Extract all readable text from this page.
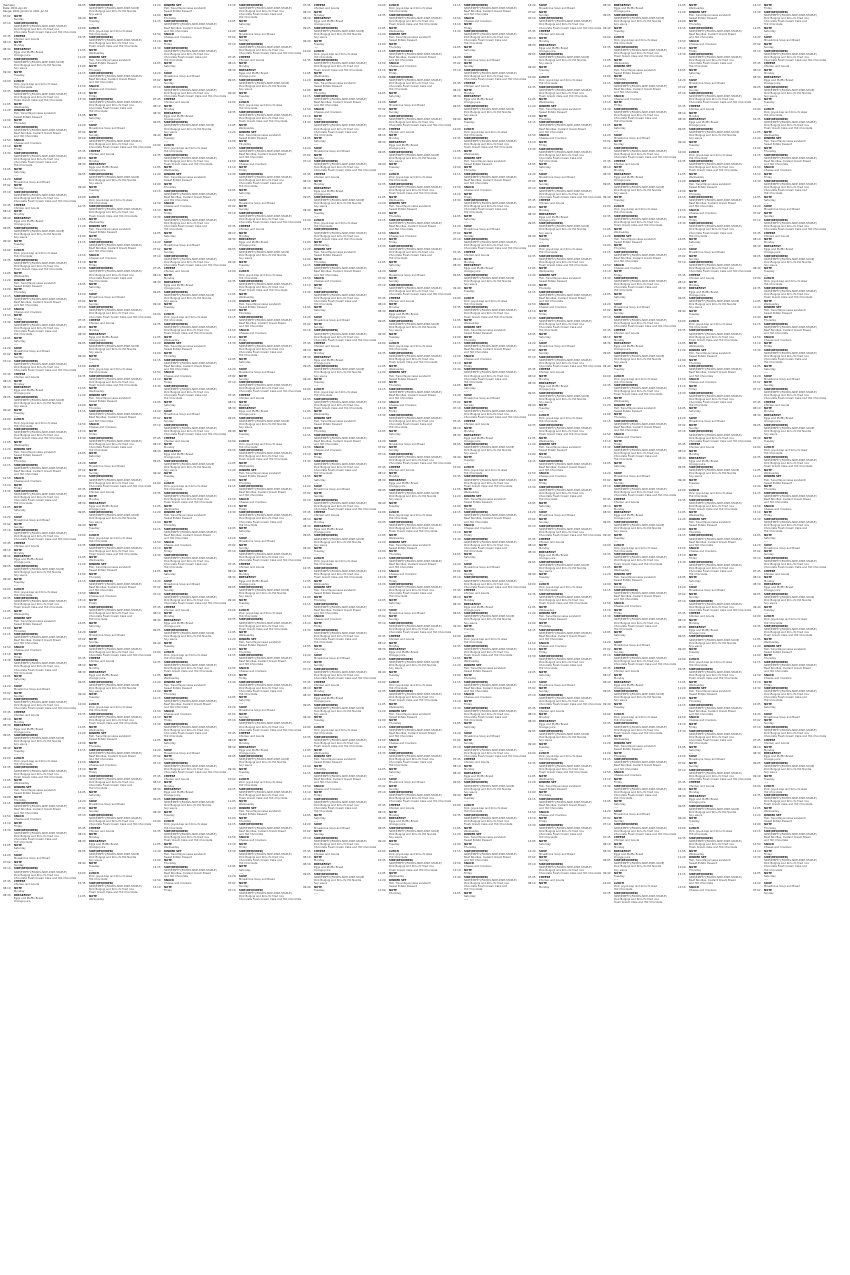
[Sample]
Date: 2021-Apr-10
Range: 2021-Jan-01 to 2021-Jul-31
07:02	NOTE
Sunday
07:10	SIDE(REQUIRED)
SIDE(EMPTY)(FOODS-SIDE-DISH-STAPLE)
Pork Bulgogi and Kim-chi fried rice
Chocolate Fresh Cream Cake and Hot Chocolate
07:45	CHEESE
Chicken and Gouda
08:10	NOTE
Monday
08:30	BREAKFAST
Eggs and Muffin Bread
Orange juice
09:05	SIDE(REQUIRED)
SIDE(EMPTY)(FOODS-SIDE-DISH-SOUP)
Pork Bulgogi and Kim-chi Pot Noodle
Soy sauce
09:40	NOTE
Tuesday
~~
10:00	LUNCH
Pork, Jeyuk-bap and Kim-chi stew
Hot Chocolate
10:35	SIDE(REQUIRED)
SIDE(EMPTY)(FOODS-SIDE-DISH-STAPLE)
Pork Bulgogi and Kim-chi fried rice
Fresh Cream Cake and Hot Chocolate
11:05	NOTE
Wednesday
11:20	DINNER SET
Fish, Tuna Mayonnaise sandwich
Sweet Potato Dessert
12:00	NOTE
Thursday
12:15	SIDE(REQUIRED)
SIDE(EMPTY)(FOODS-SIDE-DISH-STAPLE)
Beef Noodles, Custard Cream Bread
and Hot Chocolate
12:50	SNACK
Cheese and Crackers
13:10	NOTE
Friday
13:30	SIDE(REQUIRED)
SIDE(EMPTY)(FOODS-SIDE-DISH-STAPLE)
Pork Bulgogi and Kim-chi fried rice
Chocolate Fresh Cream Cake and
Hot Chocolate
14:05	NOTE
Saturday
~~
14:20	SOUP
Minestrone Soup and Bread
07:02	NOTE
Sunday
07:10	SIDE(REQUIRED)
SIDE(EMPTY)(FOODS-SIDE-DISH-STAPLE)
Pork Bulgogi and Kim-chi fried rice
Chocolate Fresh Cream Cake and Hot Chocolate
07:45	CHEESE
Chicken and Gouda
08:10	NOTE
Monday
08:30	BREAKFAST
Eggs and Muffin Bread
Orange juice
09:05	SIDE(REQUIRED)
SIDE(EMPTY)(FOODS-SIDE-DISH-SOUP)
Pork Bulgogi and Kim-chi Pot Noodle
Soy sauce
09:40	NOTE
Tuesday
~~
10:00	LUNCH
Pork, Jeyuk-bap and Kim-chi stew
Hot Chocolate
10:35	SIDE(REQUIRED)
SIDE(EMPTY)(FOODS-SIDE-DISH-STAPLE)
Pork Bulgogi and Kim-chi fried rice
Fresh Cream Cake and Hot Chocolate
11:05	NOTE
Wednesday
11:20	DINNER SET
Fish, Tuna Mayonnaise sandwich
Sweet Potato Dessert
12:00	NOTE
Thursday
12:15	SIDE(REQUIRED)
SIDE(EMPTY)(FOODS-SIDE-DISH-STAPLE)
Beef Noodles, Custard Cream Bread
and Hot Chocolate
12:50	SNACK
Cheese and Crackers
13:10	NOTE
Friday
13:30	SIDE(REQUIRED)
SIDE(EMPTY)(FOODS-SIDE-DISH-STAPLE)
Pork Bulgogi and Kim-chi fried rice
Chocolate Fresh Cream Cake and
Hot Chocolate
14:05	NOTE
Saturday
~~
14:20	SOUP
Minestrone Soup and Bread
07:02	NOTE
Sunday
07:10	SIDE(REQUIRED)
SIDE(EMPTY)(FOODS-SIDE-DISH-STAPLE)
Pork Bulgogi and Kim-chi fried rice
Chocolate Fresh Cream Cake and Hot Chocolate
07:45	CHEESE
Chicken and Gouda
08:10	NOTE
Monday
08:30	BREAKFAST
Eggs and Muffin Bread
Orange juice
09:05	SIDE(REQUIRED)
SIDE(EMPTY)(FOODS-SIDE-DISH-SOUP)
Pork Bulgogi and Kim-chi Pot Noodle
Soy sauce
09:40	NOTE
Tuesday
~~
10:00	LUNCH
Pork, Jeyuk-bap and Kim-chi stew
Hot Chocolate
10:35	SIDE(REQUIRED)
SIDE(EMPTY)(FOODS-SIDE-DISH-STAPLE)
Pork Bulgogi and Kim-chi fried rice
Fresh Cream Cake and Hot Chocolate
11:05	NOTE
Wednesday
11:20	DINNER SET
Fish, Tuna Mayonnaise sandwich
Sweet Potato Dessert
12:00	NOTE
Thursday
12:15	SIDE(REQUIRED)
SIDE(EMPTY)(FOODS-SIDE-DISH-STAPLE)
Beef Noodles, Custard Cream Bread
and Hot Chocolate
12:50	SNACK
Cheese and Crackers
13:10	NOTE
Friday
13:30	SIDE(REQUIRED)
SIDE(EMPTY)(FOODS-SIDE-DISH-STAPLE)
Pork Bulgogi and Kim-chi fried rice
Chocolate Fresh Cream Cake and
Hot Chocolate
14:05	NOTE
Saturday
~~
14:20	SOUP
Minestrone Soup and Bread
07:02	NOTE
Sunday
07:10	SIDE(REQUIRED)
SIDE(EMPTY)(FOODS-SIDE-DISH-STAPLE)
Pork Bulgogi and Kim-chi fried rice
Chocolate Fresh Cream Cake and Hot Chocolate
07:45	CHEESE
Chicken and Gouda
08:10	NOTE
Monday
08:30	BREAKFAST
Eggs and Muffin Bread
Orange juice
09:05	SIDE(REQUIRED)
SIDE(EMPTY)(FOODS-SIDE-DISH-SOUP)
Pork Bulgogi and Kim-chi Pot Noodle
Soy sauce
09:40	NOTE
Tuesday
~~
10:00	LUNCH
Pork, Jeyuk-bap and Kim-chi stew
Hot Chocolate
10:35	SIDE(REQUIRED)
SIDE(EMPTY)(FOODS-SIDE-DISH-STAPLE)
Pork Bulgogi and Kim-chi fried rice
Fresh Cream Cake and Hot Chocolate
11:05	NOTE
Wednesday
11:20	DINNER SET
Fish, Tuna Mayonnaise sandwich
Sweet Potato Dessert
12:00	NOTE
Thursday
12:15	SIDE(REQUIRED)
SIDE(EMPTY)(FOODS-SIDE-DISH-STAPLE)
Beef Noodles, Custard Cream Bread
and Hot Chocolate
12:50	SNACK
Cheese and Crackers
13:10	NOTE
Friday
13:30	SIDE(REQUIRED)
SIDE(EMPTY)(FOODS-SIDE-DISH-STAPLE)
Pork Bulgogi and Kim-chi fried rice
Chocolate Fresh Cream Cake and
Hot Chocolate
14:05	NOTE
Saturday
~~
14:20	SOUP
Minestrone Soup and Bread
07:02	NOTE
Sunday
07:10	SIDE(REQUIRED)
SIDE(EMPTY)(FOODS-SIDE-DISH-STAPLE)
Pork Bulgogi and Kim-chi fried rice
Chocolate Fresh Cream Cake and Hot Chocolate
07:45	CHEESE
Chicken and Gouda
08:10	NOTE
Monday
08:30	BREAKFAST
Eggs and Muffin Bread
Orange juice
09:05	SIDE(REQUIRED)
SIDE(EMPTY)(FOODS-SIDE-DISH-SOUP)
Pork Bulgogi and Kim-chi Pot Noodle
Soy sauce
09:40	NOTE
Tuesday
~~
10:00	LUNCH
Pork, Jeyuk-bap and Kim-chi stew
Hot Chocolate
10:35	SIDE(REQUIRED)
SIDE(EMPTY)(FOODS-SIDE-DISH-STAPLE)
Pork Bulgogi and Kim-chi fried rice
Fresh Cream Cake and Hot Chocolate
11:05	NOTE
Wednesday
11:20	DINNER SET
Fish, Tuna Mayonnaise sandwich
Sweet Potato Dessert
12:00	NOTE
Thursday
12:15	SIDE(REQUIRED)
SIDE(EMPTY)(FOODS-SIDE-DISH-STAPLE)
Beef Noodles, Custard Cream Bread
and Hot Chocolate
12:50	SNACK
Cheese and Crackers
13:10	NOTE
Friday
13:30	SIDE(REQUIRED)
SIDE(EMPTY)(FOODS-SIDE-DISH-STAPLE)
Pork Bulgogi and Kim-chi fried rice
Chocolate Fresh Cream Cake and
Hot Chocolate
14:05	NOTE
Saturday
~~
14:20	SOUP
Minestrone Soup and Bread
07:02	NOTE
Sunday
07:10	SIDE(REQUIRED)
SIDE(EMPTY)(FOODS-SIDE-DISH-STAPLE)
Pork Bulgogi and Kim-chi fried rice
Chocolate Fresh Cream Cake and Hot Chocolate
07:45	CHEESE
Chicken and Gouda
08:10	NOTE
Monday
08:30	BREAKFAST
Eggs and Muffin Bread
Orange juice
09:05	SIDE(REQUIRED)
SIDE(EMPTY)(FOODS-SIDE-DISH-SOUP)
Pork Bulgogi and Kim-chi Pot Noodle
Soy sauce
09:40	NOTE
Tuesday
~~
10:00	LUNCH
Pork, Jeyuk-bap and Kim-chi stew
Hot Chocolate
10:35	SIDE(REQUIRED)
SIDE(EMPTY)(FOODS-SIDE-DISH-STAPLE)
Pork Bulgogi and Kim-chi fried rice
Fresh Cream Cake and Hot Chocolate
11:05	NOTE
Wednesday
11:20	DINNER SET
Fish, Tuna Mayonnaise sandwich
Sweet Potato Dessert
12:00	NOTE
Thursday
12:15	SIDE(REQUIRED)
SIDE(EMPTY)(FOODS-SIDE-DISH-STAPLE)
Beef Noodles, Custard Cream Bread
and Hot Chocolate
12:50	SNACK
Cheese and Crackers
13:10	NOTE
Friday
13:30	SIDE(REQUIRED)
SIDE(EMPTY)(FOODS-SIDE-DISH-STAPLE)
Pork Bulgogi and Kim-chi fried rice
Chocolate Fresh Cream Cake and
Hot Chocolate
14:05	NOTE
Saturday
~~
14:20	SOUP
Minestrone Soup and Bread
07:02	NOTE
Sunday
07:10	SIDE(REQUIRED)
SIDE(EMPTY)(FOODS-SIDE-DISH-STAPLE)
Pork Bulgogi and Kim-chi fried rice
Chocolate Fresh Cream Cake and Hot Chocolate
07:45	CHEESE
Chicken and Gouda
08:10	NOTE
Monday
08:30	BREAKFAST
Eggs and Muffin Bread
Orange juice
09:05	SIDE(REQUIRED)
SIDE(EMPTY)(FOODS-SIDE-DISH-SOUP)
Pork Bulgogi and Kim-chi Pot Noodle
Soy sauce
09:40	NOTE
Tuesday
~~
10:00	LUNCH
Pork, Jeyuk-bap and Kim-chi stew
Hot Chocolate
10:35	SIDE(REQUIRED)
SIDE(EMPTY)(FOODS-SIDE-DISH-STAPLE)
Pork Bulgogi and Kim-chi fried rice
Fresh Cream Cake and Hot Chocolate
11:05	NOTE
Wednesday
11:20	DINNER SET
Fish, Tuna Mayonnaise sandwich
Sweet Potato Dessert
12:00	NOTE
Thursday
12:15	SIDE(REQUIRED)
SIDE(EMPTY)(FOODS-SIDE-DISH-STAPLE)
Beef Noodles, Custard Cream Bread
and Hot Chocolate
12:50	SNACK
Cheese and Crackers
13:10	NOTE
Friday
13:30	SIDE(REQUIRED)
SIDE(EMPTY)(FOODS-SIDE-DISH-STAPLE)
Pork Bulgogi and Kim-chi fried rice
Chocolate Fresh Cream Cake and
Hot Chocolate
14:05	NOTE
Saturday
~~
14:20	SOUP
Minestrone Soup and Bread
07:02	NOTE
Sunday
07:10	SIDE(REQUIRED)
SIDE(EMPTY)(FOODS-SIDE-DISH-STAPLE)
Pork Bulgogi and Kim-chi fried rice
Chocolate Fresh Cream Cake and Hot Chocolate
07:45	CHEESE
Chicken and Gouda
08:10	NOTE
Monday
08:30	BREAKFAST
Eggs and Muffin Bread
Orange juice
09:05	SIDE(REQUIRED)
SIDE(EMPTY)(FOODS-SIDE-DISH-SOUP)
Pork Bulgogi and Kim-chi Pot Noodle
Soy sauce
09:40	NOTE
Tuesday
~~
10:00	LUNCH
Pork, Jeyuk-bap and Kim-chi stew
Hot Chocolate
10:35	SIDE(REQUIRED)
SIDE(EMPTY)(FOODS-SIDE-DISH-STAPLE)
Pork Bulgogi and Kim-chi fried rice
Fresh Cream Cake and Hot Chocolate
11:05	NOTE
Wednesday
11:20	DINNER SET
Fish, Tuna Mayonnaise sandwich
Sweet Potato Dessert
12:00	NOTE
Thursday
12:15	SIDE(REQUIRED)
SIDE(EMPTY)(FOODS-SIDE-DISH-STAPLE)
Beef Noodles, Custard Cream Bread
and Hot Chocolate
12:50	SNACK
Cheese and Crackers
13:10	NOTE
Friday
13:30	SIDE(REQUIRED)
SIDE(EMPTY)(FOODS-SIDE-DISH-STAPLE)
Pork Bulgogi and Kim-chi fried rice
Chocolate Fresh Cream Cake and
Hot Chocolate
14:05	NOTE
Saturday
~~
14:20	SOUP
Minestrone Soup and Bread
07:02	NOTE
Sunday
07:10	SIDE(REQUIRED)
SIDE(EMPTY)(FOODS-SIDE-DISH-STAPLE)
Pork Bulgogi and Kim-chi fried rice
Chocolate Fresh Cream Cake and Hot Chocolate
07:45	CHEESE
Chicken and Gouda
08:10	NOTE
Monday
08:30	BREAKFAST
Eggs and Muffin Bread
Orange juice
09:05	SIDE(REQUIRED)
SIDE(EMPTY)(FOODS-SIDE-DISH-SOUP)
Pork Bulgogi and Kim-chi Pot Noodle
Soy sauce
09:40	NOTE
Tuesday
~~
10:00	LUNCH
Pork, Jeyuk-bap and Kim-chi stew
Hot Chocolate
10:35	SIDE(REQUIRED)
SIDE(EMPTY)(FOODS-SIDE-DISH-STAPLE)
Pork Bulgogi and Kim-chi fried rice
Fresh Cream Cake and Hot Chocolate
11:05	NOTE
Wednesday
11:20	DINNER SET
Fish, Tuna Mayonnaise sandwich
Sweet Potato Dessert
12:00	NOTE
Thursday
12:15	SIDE(REQUIRED)
SIDE(EMPTY)(FOODS-SIDE-DISH-STAPLE)
Beef Noodles, Custard Cream Bread
and Hot Chocolate
12:50	SNACK
Cheese and Crackers
13:10	NOTE
Friday
13:30	SIDE(REQUIRED)
SIDE(EMPTY)(FOODS-SIDE-DISH-STAPLE)
Pork Bulgogi and Kim-chi fried rice
Chocolate Fresh Cream Cake and
Hot Chocolate
14:05	NOTE
Saturday
~~
14:20	SOUP
Minestrone Soup and Bread
07:02	NOTE
Sunday
07:10	SIDE(REQUIRED)
SIDE(EMPTY)(FOODS-SIDE-DISH-STAPLE)
Pork Bulgogi and Kim-chi fried rice
Chocolate Fresh Cream Cake and Hot Chocolate
07:45	CHEESE
Chicken and Gouda
08:10	NOTE
Monday
08:30	BREAKFAST
Eggs and Muffin Bread
Orange juice
09:05	SIDE(REQUIRED)
SIDE(EMPTY)(FOODS-SIDE-DISH-SOUP)
Pork Bulgogi and Kim-chi Pot Noodle
Soy sauce
09:40	NOTE
Tuesday
~~
10:00	LUNCH
Pork, Jeyuk-bap and Kim-chi stew
Hot Chocolate
10:35	SIDE(REQUIRED)
SIDE(EMPTY)(FOODS-SIDE-DISH-STAPLE)
Pork Bulgogi and Kim-chi fried rice
Fresh Cream Cake and Hot Chocolate
11:05	NOTE
Wednesday
11:20	DINNER SET
Fish, Tuna Mayonnaise sandwich
Sweet Potato Dessert
12:00	NOTE
Thursday
12:15	SIDE(REQUIRED)
SIDE(EMPTY)(FOODS-SIDE-DISH-STAPLE)
Beef Noodles, Custard Cream Bread
and Hot Chocolate
12:50	SNACK
Cheese and Crackers
13:10	NOTE
Friday
13:30	SIDE(REQUIRED)
SIDE(EMPTY)(FOODS-SIDE-DISH-STAPLE)
Pork Bulgogi and Kim-chi fried rice
Chocolate Fresh Cream Cake and
Hot Chocolate
14:05	NOTE
Saturday
~~
14:20	SOUP
Minestrone Soup and Bread
07:02	NOTE
Sunday
07:10	SIDE(REQUIRED)
SIDE(EMPTY)(FOODS-SIDE-DISH-STAPLE)
Pork Bulgogi and Kim-chi fried rice
Chocolate Fresh Cream Cake and Hot Chocolate
07:45	CHEESE
Chicken and Gouda
08:10	NOTE
Monday
08:30	BREAKFAST
Eggs and Muffin Bread
Orange juice
09:05	SIDE(REQUIRED)
SIDE(EMPTY)(FOODS-SIDE-DISH-SOUP)
Pork Bulgogi and Kim-chi Pot Noodle
Soy sauce
09:40	NOTE
Tuesday
~~
10:00	LUNCH
Pork, Jeyuk-bap and Kim-chi stew
Hot Chocolate
10:35	SIDE(REQUIRED)
SIDE(EMPTY)(FOODS-SIDE-DISH-STAPLE)
Pork Bulgogi and Kim-chi fried rice
Fresh Cream Cake and Hot Chocolate
11:05	NOTE
Wednesday
11:20	DINNER SET
Fish, Tuna Mayonnaise sandwich
Sweet Potato Dessert
12:00	NOTE
Thursday
12:15	SIDE(REQUIRED)
SIDE(EMPTY)(FOODS-SIDE-DISH-STAPLE)
Beef Noodles, Custard Cream Bread
and Hot Chocolate
12:50	SNACK
Cheese and Crackers
13:10	NOTE
Friday
13:30	SIDE(REQUIRED)
SIDE(EMPTY)(FOODS-SIDE-DISH-STAPLE)
Pork Bulgogi and Kim-chi fried rice
Chocolate Fresh Cream Cake and
Hot Chocolate
14:05	NOTE
Saturday
~~
14:20	SOUP
Minestrone Soup and Bread
07:02	NOTE
Sunday
07:10	SIDE(REQUIRED)
SIDE(EMPTY)(FOODS-SIDE-DISH-STAPLE)
Pork Bulgogi and Kim-chi fried rice
Chocolate Fresh Cream Cake and Hot Chocolate
07:45	CHEESE
Chicken and Gouda
08:10	NOTE
Monday
08:30	BREAKFAST
Eggs and Muffin Bread
Orange juice
09:05	SIDE(REQUIRED)
SIDE(EMPTY)(FOODS-SIDE-DISH-SOUP)
Pork Bulgogi and Kim-chi Pot Noodle
Soy sauce
09:40	NOTE
Tuesday
~~
10:00	LUNCH
Pork, Jeyuk-bap and Kim-chi stew
Hot Chocolate
10:35	SIDE(REQUIRED)
SIDE(EMPTY)(FOODS-SIDE-DISH-STAPLE)
Pork Bulgogi and Kim-chi fried rice
Fresh Cream Cake and Hot Chocolate
11:05	NOTE
Wednesday
11:20	DINNER SET
Fish, Tuna Mayonnaise sandwich
Sweet Potato Dessert
12:00	NOTE
Thursday
12:15	SIDE(REQUIRED)
SIDE(EMPTY)(FOODS-SIDE-DISH-STAPLE)
Beef Noodles, Custard Cream Bread
and Hot Chocolate
12:50	SNACK
Cheese and Crackers
13:10	NOTE
Friday
13:30	SIDE(REQUIRED)
SIDE(EMPTY)(FOODS-SIDE-DISH-STAPLE)
Pork Bulgogi and Kim-chi fried rice
Chocolate Fresh Cream Cake and
Hot Chocolate
14:05	NOTE
Saturday
~~
14:20	SOUP
Minestrone Soup and Bread
07:02	NOTE
Sunday
07:10	SIDE(REQUIRED)
SIDE(EMPTY)(FOODS-SIDE-DISH-STAPLE)
Pork Bulgogi and Kim-chi fried rice
Chocolate Fresh Cream Cake and Hot Chocolate
07:45	CHEESE
Chicken and Gouda
08:10	NOTE
Monday
08:30	BREAKFAST
Eggs and Muffin Bread
Orange juice
09:05	SIDE(REQUIRED)
SIDE(EMPTY)(FOODS-SIDE-DISH-SOUP)
Pork Bulgogi and Kim-chi Pot Noodle
Soy sauce
09:40	NOTE
Tuesday
~~
10:00	LUNCH
Pork, Jeyuk-bap and Kim-chi stew
Hot Chocolate
10:35	SIDE(REQUIRED)
SIDE(EMPTY)(FOODS-SIDE-DISH-STAPLE)
Pork Bulgogi and Kim-chi fried rice
Fresh Cream Cake and Hot Chocolate
11:05	NOTE
Wednesday
11:20	DINNER SET
Fish, Tuna Mayonnaise sandwich
Sweet Potato Dessert
12:00	NOTE
Thursday
12:15	SIDE(REQUIRED)
SIDE(EMPTY)(FOODS-SIDE-DISH-STAPLE)
Beef Noodles, Custard Cream Bread
and Hot Chocolate
12:50	SNACK
Cheese and Crackers
13:10	NOTE
Friday
13:30	SIDE(REQUIRED)
SIDE(EMPTY)(FOODS-SIDE-DISH-STAPLE)
Pork Bulgogi and Kim-chi fried rice
Chocolate Fresh Cream Cake and
Hot Chocolate
14:05	NOTE
Saturday
~~
14:20	SOUP
Minestrone Soup and Bread
07:02	NOTE
Sunday
07:10	SIDE(REQUIRED)
SIDE(EMPTY)(FOODS-SIDE-DISH-STAPLE)
Pork Bulgogi and Kim-chi fried rice
Chocolate Fresh Cream Cake and Hot Chocolate
07:45	CHEESE
Chicken and Gouda
08:10	NOTE
Monday
08:30	BREAKFAST
Eggs and Muffin Bread
Orange juice
09:05	SIDE(REQUIRED)
SIDE(EMPTY)(FOODS-SIDE-DISH-SOUP)
Pork Bulgogi and Kim-chi Pot Noodle
Soy sauce
09:40	NOTE
Tuesday
~~
10:00	LUNCH
Pork, Jeyuk-bap and Kim-chi stew
Hot Chocolate
10:35	SIDE(REQUIRED)
SIDE(EMPTY)(FOODS-SIDE-DISH-STAPLE)
Pork Bulgogi and Kim-chi fried rice
Fresh Cream Cake and Hot Chocolate
11:05	NOTE
Wednesday
11:20	DINNER SET
Fish, Tuna Mayonnaise sandwich
Sweet Potato Dessert
12:00	NOTE
Thursday
12:15	SIDE(REQUIRED)
SIDE(EMPTY)(FOODS-SIDE-DISH-STAPLE)
Beef Noodles, Custard Cream Bread
and Hot Chocolate
12:50	SNACK
Cheese and Crackers
13:10	NOTE
Friday
13:30	SIDE(REQUIRED)
SIDE(EMPTY)(FOODS-SIDE-DISH-STAPLE)
Pork Bulgogi and Kim-chi fried rice
Chocolate Fresh Cream Cake and
Hot Chocolate
14:05	NOTE
Saturday
~~
14:20	SOUP
Minestrone Soup and Bread
07:02	NOTE
Sunday
07:10	SIDE(REQUIRED)
SIDE(EMPTY)(FOODS-SIDE-DISH-STAPLE)
Pork Bulgogi and Kim-chi fried rice
Chocolate Fresh Cream Cake and Hot Chocolate
07:45	CHEESE
Chicken and Gouda
08:10	NOTE
Monday
08:30	BREAKFAST
Eggs and Muffin Bread
Orange juice
09:05	SIDE(REQUIRED)
SIDE(EMPTY)(FOODS-SIDE-DISH-SOUP)
Pork Bulgogi and Kim-chi Pot Noodle
Soy sauce
09:40	NOTE
Tuesday
~~
10:00	LUNCH
Pork, Jeyuk-bap and Kim-chi stew
Hot Chocolate
10:35	SIDE(REQUIRED)
SIDE(EMPTY)(FOODS-SIDE-DISH-STAPLE)
Pork Bulgogi and Kim-chi fried rice
Fresh Cream Cake and Hot Chocolate
11:05	NOTE
Wednesday
11:20	DINNER SET
Fish, Tuna Mayonnaise sandwich
Sweet Potato Dessert
12:00	NOTE
Thursday
12:15	SIDE(REQUIRED)
SIDE(EMPTY)(FOODS-SIDE-DISH-STAPLE)
Beef Noodles, Custard Cream Bread
and Hot Chocolate
12:50	SNACK
Cheese and Crackers
13:10	NOTE
Friday
13:30	SIDE(REQUIRED)
SIDE(EMPTY)(FOODS-SIDE-DISH-STAPLE)
Pork Bulgogi and Kim-chi fried rice
Chocolate Fresh Cream Cake and
Hot Chocolate
14:05	NOTE
Saturday
~~
14:20	SOUP
Minestrone Soup and Bread
07:02	NOTE
Sunday
07:10	SIDE(REQUIRED)
SIDE(EMPTY)(FOODS-SIDE-DISH-STAPLE)
Pork Bulgogi and Kim-chi fried rice
Chocolate Fresh Cream Cake and Hot Chocolate
07:45	CHEESE
Chicken and Gouda
08:10	NOTE
Monday
08:30	BREAKFAST
Eggs and Muffin Bread
Orange juice
09:05	SIDE(REQUIRED)
SIDE(EMPTY)(FOODS-SIDE-DISH-SOUP)
Pork Bulgogi and Kim-chi Pot Noodle
Soy sauce
09:40	NOTE
Tuesday
~~
10:00	LUNCH
Pork, Jeyuk-bap and Kim-chi stew
Hot Chocolate
10:35	SIDE(REQUIRED)
SIDE(EMPTY)(FOODS-SIDE-DISH-STAPLE)
Pork Bulgogi and Kim-chi fried rice
Fresh Cream Cake and Hot Chocolate
11:05	NOTE
Wednesday
11:20	DINNER SET
Fish, Tuna Mayonnaise sandwich
Sweet Potato Dessert
12:00	NOTE
Thursday
12:15	SIDE(REQUIRED)
SIDE(EMPTY)(FOODS-SIDE-DISH-STAPLE)
Beef Noodles, Custard Cream Bread
and Hot Chocolate
12:50	SNACK
Cheese and Crackers
13:10	NOTE
Friday
13:30	SIDE(REQUIRED)
SIDE(EMPTY)(FOODS-SIDE-DISH-STAPLE)
Pork Bulgogi and Kim-chi fried rice
Chocolate Fresh Cream Cake and
Hot Chocolate
14:05	NOTE
Saturday
~~
14:20	SOUP
Minestrone Soup and Bread
07:02	NOTE
Sunday
07:10	SIDE(REQUIRED)
SIDE(EMPTY)(FOODS-SIDE-DISH-STAPLE)
Pork Bulgogi and Kim-chi fried rice
Chocolate Fresh Cream Cake and Hot Chocolate
07:45	CHEESE
Chicken and Gouda
08:10	NOTE
Monday
08:30	BREAKFAST
Eggs and Muffin Bread
Orange juice
09:05	SIDE(REQUIRED)
SIDE(EMPTY)(FOODS-SIDE-DISH-SOUP)
Pork Bulgogi and Kim-chi Pot Noodle
Soy sauce
09:40	NOTE
Tuesday
~~
10:00	LUNCH
Pork, Jeyuk-bap and Kim-chi stew
Hot Chocolate
10:35	SIDE(REQUIRED)
SIDE(EMPTY)(FOODS-SIDE-DISH-STAPLE)
Pork Bulgogi and Kim-chi fried rice
Fresh Cream Cake and Hot Chocolate
11:05	NOTE
Wednesday
11:20	DINNER SET
Fish, Tuna Mayonnaise sandwich
Sweet Potato Dessert
12:00	NOTE
Thursday
12:15	SIDE(REQUIRED)
SIDE(EMPTY)(FOODS-SIDE-DISH-STAPLE)
Beef Noodles, Custard Cream Bread
and Hot Chocolate
12:50	SNACK
Cheese and Crackers
13:10	NOTE
Friday
13:30	SIDE(REQUIRED)
SIDE(EMPTY)(FOODS-SIDE-DISH-STAPLE)
Pork Bulgogi and Kim-chi fried rice
Chocolate Fresh Cream Cake and
Hot Chocolate
14:05	NOTE
Saturday
~~
14:20	SOUP
Minestrone Soup and Bread
07:02	NOTE
Sunday
07:10	SIDE(REQUIRED)
SIDE(EMPTY)(FOODS-SIDE-DISH-STAPLE)
Pork Bulgogi and Kim-chi fried rice
Chocolate Fresh Cream Cake and Hot Chocolate
07:45	CHEESE
Chicken and Gouda
08:10	NOTE
Monday
08:30	BREAKFAST
Eggs and Muffin Bread
Orange juice
09:05	SIDE(REQUIRED)
SIDE(EMPTY)(FOODS-SIDE-DISH-SOUP)
Pork Bulgogi and Kim-chi Pot Noodle
Soy sauce
09:40	NOTE
Tuesday
~~
10:00	LUNCH
Pork, Jeyuk-bap and Kim-chi stew
Hot Chocolate
10:35	SIDE(REQUIRED)
SIDE(EMPTY)(FOODS-SIDE-DISH-STAPLE)
Pork Bulgogi and Kim-chi fried rice
Fresh Cream Cake and Hot Chocolate
11:05	NOTE
Wednesday
11:20	DINNER SET
Fish, Tuna Mayonnaise sandwich
Sweet Potato Dessert
12:00	NOTE
Thursday
12:15	SIDE(REQUIRED)
SIDE(EMPTY)(FOODS-SIDE-DISH-STAPLE)
Beef Noodles, Custard Cream Bread
and Hot Chocolate
12:50	SNACK
Cheese and Crackers
13:10	NOTE
Friday
13:30	SIDE(REQUIRED)
SIDE(EMPTY)(FOODS-SIDE-DISH-STAPLE)
Pork Bulgogi and Kim-chi fried rice
Chocolate Fresh Cream Cake and
Hot Chocolate
14:05	NOTE
Saturday
~~
14:20	SOUP
Minestrone Soup and Bread
07:02	NOTE
Sunday
07:10	SIDE(REQUIRED)
SIDE(EMPTY)(FOODS-SIDE-DISH-STAPLE)
Pork Bulgogi and Kim-chi fried rice
Chocolate Fresh Cream Cake and Hot Chocolate
07:45	CHEESE
Chicken and Gouda
08:10	NOTE
Monday
08:30	BREAKFAST
Eggs and Muffin Bread
Orange juice
09:05	SIDE(REQUIRED)
SIDE(EMPTY)(FOODS-SIDE-DISH-SOUP)
Pork Bulgogi and Kim-chi Pot Noodle
Soy sauce
09:40	NOTE
Tuesday
~~
10:00	LUNCH
Pork, Jeyuk-bap and Kim-chi stew
Hot Chocolate
10:35	SIDE(REQUIRED)
SIDE(EMPTY)(FOODS-SIDE-DISH-STAPLE)
Pork Bulgogi and Kim-chi fried rice
Fresh Cream Cake and Hot Chocolate
11:05	NOTE
Wednesday
11:20	DINNER SET
Fish, Tuna Mayonnaise sandwich
Sweet Potato Dessert
12:00	NOTE
Thursday
12:15	SIDE(REQUIRED)
SIDE(EMPTY)(FOODS-SIDE-DISH-STAPLE)
Beef Noodles, Custard Cream Bread
and Hot Chocolate
12:50	SNACK
Cheese and Crackers
13:10	NOTE
Friday
13:30	SIDE(REQUIRED)
SIDE(EMPTY)(FOODS-SIDE-DISH-STAPLE)
Pork Bulgogi and Kim-chi fried rice
Chocolate Fresh Cream Cake and
Hot Chocolate
14:05	NOTE
Saturday
~~
14:20	SOUP
Minestrone Soup and Bread
07:02	NOTE
Sunday
07:10	SIDE(REQUIRED)
SIDE(EMPTY)(FOODS-SIDE-DISH-STAPLE)
Pork Bulgogi and Kim-chi fried rice
Chocolate Fresh Cream Cake and Hot Chocolate
07:45	CHEESE
Chicken and Gouda
08:10	NOTE
Monday
08:30	BREAKFAST
Eggs and Muffin Bread
Orange juice
09:05	SIDE(REQUIRED)
SIDE(EMPTY)(FOODS-SIDE-DISH-SOUP)
Pork Bulgogi and Kim-chi Pot Noodle
Soy sauce
09:40	NOTE
Tuesday
~~
10:00	LUNCH
Pork, Jeyuk-bap and Kim-chi stew
Hot Chocolate
10:35	SIDE(REQUIRED)
SIDE(EMPTY)(FOODS-SIDE-DISH-STAPLE)
Pork Bulgogi and Kim-chi fried rice
Fresh Cream Cake and Hot Chocolate
11:05	NOTE
Wednesday
11:20	DINNER SET
Fish, Tuna Mayonnaise sandwich
Sweet Potato Dessert
12:00	NOTE
Thursday
12:15	SIDE(REQUIRED)
SIDE(EMPTY)(FOODS-SIDE-DISH-STAPLE)
Beef Noodles, Custard Cream Bread
and Hot Chocolate
12:50	SNACK
Cheese and Crackers
13:10	NOTE
Friday
13:30	SIDE(REQUIRED)
SIDE(EMPTY)(FOODS-SIDE-DISH-STAPLE)
Pork Bulgogi and Kim-chi fried rice
Chocolate Fresh Cream Cake and
Hot Chocolate
14:05	NOTE
Saturday
~~
14:20	SOUP
Minestrone Soup and Bread
07:02	NOTE
Sunday
07:10	SIDE(REQUIRED)
SIDE(EMPTY)(FOODS-SIDE-DISH-STAPLE)
Pork Bulgogi and Kim-chi fried rice
Chocolate Fresh Cream Cake and Hot Chocolate
07:45	CHEESE
Chicken and Gouda
08:10	NOTE
Monday
08:30	BREAKFAST
Eggs and Muffin Bread
Orange juice
09:05	SIDE(REQUIRED)
SIDE(EMPTY)(FOODS-SIDE-DISH-SOUP)
Pork Bulgogi and Kim-chi Pot Noodle
Soy sauce
09:40	NOTE
Tuesday
~~
10:00	LUNCH
Pork, Jeyuk-bap and Kim-chi stew
Hot Chocolate
10:35	SIDE(REQUIRED)
SIDE(EMPTY)(FOODS-SIDE-DISH-STAPLE)
Pork Bulgogi and Kim-chi fried rice
Fresh Cream Cake and Hot Chocolate
11:05	NOTE
Wednesday
11:20	DINNER SET
Fish, Tuna Mayonnaise sandwich
Sweet Potato Dessert
12:00	NOTE
Thursday
12:15	SIDE(REQUIRED)
SIDE(EMPTY)(FOODS-SIDE-DISH-STAPLE)
Beef Noodles, Custard Cream Bread
and Hot Chocolate
12:50	SNACK
Cheese and Crackers
13:10	NOTE
Friday
13:30	SIDE(REQUIRED)
SIDE(EMPTY)(FOODS-SIDE-DISH-STAPLE)
Pork Bulgogi and Kim-chi fried rice
Chocolate Fresh Cream Cake and
Hot Chocolate
14:05	NOTE
Saturday
~~
14:20	SOUP
Minestrone Soup and Bread
07:02	NOTE
Sunday
07:10	SIDE(REQUIRED)
SIDE(EMPTY)(FOODS-SIDE-DISH-STAPLE)
Pork Bulgogi and Kim-chi fried rice
Chocolate Fresh Cream Cake and Hot Chocolate
07:45	CHEESE
Chicken and Gouda
08:10	NOTE
Monday
08:30	BREAKFAST
Eggs and Muffin Bread
Orange juice
09:05	SIDE(REQUIRED)
SIDE(EMPTY)(FOODS-SIDE-DISH-SOUP)
Pork Bulgogi and Kim-chi Pot Noodle
Soy sauce
09:40	NOTE
Tuesday
~~
10:00	LUNCH
Pork, Jeyuk-bap and Kim-chi stew
Hot Chocolate
10:35	SIDE(REQUIRED)
SIDE(EMPTY)(FOODS-SIDE-DISH-STAPLE)
Pork Bulgogi and Kim-chi fried rice
Fresh Cream Cake and Hot Chocolate
11:05	NOTE
Wednesday
11:20	DINNER SET
Fish, Tuna Mayonnaise sandwich
Sweet Potato Dessert
12:00	NOTE
Thursday
12:15	SIDE(REQUIRED)
SIDE(EMPTY)(FOODS-SIDE-DISH-STAPLE)
Beef Noodles, Custard Cream Bread
and Hot Chocolate
12:50	SNACK
Cheese and Crackers
13:10	NOTE
Friday
13:30	SIDE(REQUIRED)
SIDE(EMPTY)(FOODS-SIDE-DISH-STAPLE)
Pork Bulgogi and Kim-chi fried rice
Chocolate Fresh Cream Cake and
Hot Chocolate
14:05	NOTE
Saturday
~~
14:20	SOUP
Minestrone Soup and Bread
07:02	NOTE
Sunday
07:10	SIDE(REQUIRED)
SIDE(EMPTY)(FOODS-SIDE-DISH-STAPLE)
Pork Bulgogi and Kim-chi fried rice
Chocolate Fresh Cream Cake and Hot Chocolate
07:45	CHEESE
Chicken and Gouda
08:10	NOTE
Monday
08:30	BREAKFAST
Eggs and Muffin Bread
Orange juice
09:05	SIDE(REQUIRED)
SIDE(EMPTY)(FOODS-SIDE-DISH-SOUP)
Pork Bulgogi and Kim-chi Pot Noodle
Soy sauce
09:40	NOTE
Tuesday
~~
10:00	LUNCH
Pork, Jeyuk-bap and Kim-chi stew
Hot Chocolate
10:35	SIDE(REQUIRED)
SIDE(EMPTY)(FOODS-SIDE-DISH-STAPLE)
Pork Bulgogi and Kim-chi fried rice
Fresh Cream Cake and Hot Chocolate
11:05	NOTE
Wednesday
11:20	DINNER SET
Fish, Tuna Mayonnaise sandwich
Sweet Potato Dessert
12:00	NOTE
Thursday
12:15	SIDE(REQUIRED)
SIDE(EMPTY)(FOODS-SIDE-DISH-STAPLE)
Beef Noodles, Custard Cream Bread
and Hot Chocolate
12:50	SNACK
Cheese and Crackers
13:10	NOTE
Friday
13:30	SIDE(REQUIRED)
SIDE(EMPTY)(FOODS-SIDE-DISH-STAPLE)
Pork Bulgogi and Kim-chi fried rice
Chocolate Fresh Cream Cake and
Hot Chocolate
14:05	NOTE
Saturday
~~
14:20	SOUP
Minestrone Soup and Bread
07:02	NOTE
Sunday
07:10	SIDE(REQUIRED)
SIDE(EMPTY)(FOODS-SIDE-DISH-STAPLE)
Pork Bulgogi and Kim-chi fried rice
Chocolate Fresh Cream Cake and Hot Chocolate
07:45	CHEESE
Chicken and Gouda
08:10	NOTE
Monday
08:30	BREAKFAST
Eggs and Muffin Bread
Orange juice
09:05	SIDE(REQUIRED)
SIDE(EMPTY)(FOODS-SIDE-DISH-SOUP)
Pork Bulgogi and Kim-chi Pot Noodle
Soy sauce
09:40	NOTE
Tuesday
~~
10:00	LUNCH
Pork, Jeyuk-bap and Kim-chi stew
Hot Chocolate
10:35	SIDE(REQUIRED)
SIDE(EMPTY)(FOODS-SIDE-DISH-STAPLE)
Pork Bulgogi and Kim-chi fried rice
Fresh Cream Cake and Hot Chocolate
11:05	NOTE
Wednesday
11:20	DINNER SET
Fish, Tuna Mayonnaise sandwich
Sweet Potato Dessert
12:00	NOTE
Thursday
12:15	SIDE(REQUIRED)
SIDE(EMPTY)(FOODS-SIDE-DISH-STAPLE)
Beef Noodles, Custard Cream Bread
and Hot Chocolate
12:50	SNACK
Cheese and Crackers
13:10	NOTE
Friday
13:30	SIDE(REQUIRED)
SIDE(EMPTY)(FOODS-SIDE-DISH-STAPLE)
Pork Bulgogi and Kim-chi fried rice
Chocolate Fresh Cream Cake and
Hot Chocolate
14:05	NOTE
Saturday
~~
14:20	SOUP
Minestrone Soup and Bread
07:02	NOTE
Sunday
07:10	SIDE(REQUIRED)
SIDE(EMPTY)(FOODS-SIDE-DISH-STAPLE)
Pork Bulgogi and Kim-chi fried rice
Chocolate Fresh Cream Cake and Hot Chocolate
07:45	CHEESE
Chicken and Gouda
08:10	NOTE
Monday
08:30	BREAKFAST
Eggs and Muffin Bread
Orange juice
09:05	SIDE(REQUIRED)
SIDE(EMPTY)(FOODS-SIDE-DISH-SOUP)
Pork Bulgogi and Kim-chi Pot Noodle
Soy sauce
09:40	NOTE
Tuesday
~~
10:00	LUNCH
Pork, Jeyuk-bap and Kim-chi stew
Hot Chocolate
10:35	SIDE(REQUIRED)
SIDE(EMPTY)(FOODS-SIDE-DISH-STAPLE)
Pork Bulgogi and Kim-chi fried rice
Fresh Cream Cake and Hot Chocolate
11:05	NOTE
Wednesday
11:20	DINNER SET
Fish, Tuna Mayonnaise sandwich
Sweet Potato Dessert
12:00	NOTE
Thursday
12:15	SIDE(REQUIRED)
SIDE(EMPTY)(FOODS-SIDE-DISH-STAPLE)
Beef Noodles, Custard Cream Bread
and Hot Chocolate
12:50	SNACK
Cheese and Crackers
13:10	NOTE
Friday
13:30	SIDE(REQUIRED)
SIDE(EMPTY)(FOODS-SIDE-DISH-STAPLE)
Pork Bulgogi and Kim-chi fried rice
Chocolate Fresh Cream Cake and
Hot Chocolate
14:05	NOTE
Saturday
~~
14:20	SOUP
Minestrone Soup and Bread
07:02	NOTE
Sunday
07:10	SIDE(REQUIRED)
SIDE(EMPTY)(FOODS-SIDE-DISH-STAPLE)
Pork Bulgogi and Kim-chi fried rice
Chocolate Fresh Cream Cake and Hot Chocolate
07:45	CHEESE
Chicken and Gouda
08:10	NOTE
Monday
08:30	BREAKFAST
Eggs and Muffin Bread
Orange juice
09:05	SIDE(REQUIRED)
SIDE(EMPTY)(FOODS-SIDE-DISH-SOUP)
Pork Bulgogi and Kim-chi Pot Noodle
Soy sauce
09:40	NOTE
Tuesday
~~
10:00	LUNCH
Pork, Jeyuk-bap and Kim-chi stew
Hot Chocolate
10:35	SIDE(REQUIRED)
SIDE(EMPTY)(FOODS-SIDE-DISH-STAPLE)
Pork Bulgogi and Kim-chi fried rice
Fresh Cream Cake and Hot Chocolate
11:05	NOTE
Wednesday
11:20	DINNER SET
Fish, Tuna Mayonnaise sandwich
Sweet Potato Dessert
12:00	NOTE
Thursday
12:15	SIDE(REQUIRED)
SIDE(EMPTY)(FOODS-SIDE-DISH-STAPLE)
Beef Noodles, Custard Cream Bread
and Hot Chocolate
12:50	SNACK
Cheese and Crackers
13:10	NOTE
Friday
13:30	SIDE(REQUIRED)
SIDE(EMPTY)(FOODS-SIDE-DISH-STAPLE)
Pork Bulgogi and Kim-chi fried rice
Chocolate Fresh Cream Cake and
Hot Chocolate
14:05	NOTE
Saturday
~~
14:20	SOUP
Minestrone Soup and Bread
07:02	NOTE
Sunday
07:10	SIDE(REQUIRED)
SIDE(EMPTY)(FOODS-SIDE-DISH-STAPLE)
Pork Bulgogi and Kim-chi fried rice
Chocolate Fresh Cream Cake and Hot Chocolate
07:45	CHEESE
Chicken and Gouda
08:10	NOTE
Monday
08:30	BREAKFAST
Eggs and Muffin Bread
Orange juice
09:05	SIDE(REQUIRED)
SIDE(EMPTY)(FOODS-SIDE-DISH-SOUP)
Pork Bulgogi and Kim-chi Pot Noodle
Soy sauce
09:40	NOTE
Tuesday
~~
10:00	LUNCH
Pork, Jeyuk-bap and Kim-chi stew
Hot Chocolate
10:35	SIDE(REQUIRED)
SIDE(EMPTY)(FOODS-SIDE-DISH-STAPLE)
Pork Bulgogi and Kim-chi fried rice
Fresh Cream Cake and Hot Chocolate
11:05	NOTE
Wednesday
11:20	DINNER SET
Fish, Tuna Mayonnaise sandwich
Sweet Potato Dessert
12:00	NOTE
Thursday
12:15	SIDE(REQUIRED)
SIDE(EMPTY)(FOODS-SIDE-DISH-STAPLE)
Beef Noodles, Custard Cream Bread
and Hot Chocolate
12:50	SNACK
Cheese and Crackers
13:10	NOTE
Friday
13:30	SIDE(REQUIRED)
SIDE(EMPTY)(FOODS-SIDE-DISH-STAPLE)
Pork Bulgogi and Kim-chi fried rice
Chocolate Fresh Cream Cake and
Hot Chocolate
14:05	NOTE
Saturday
~~
14:20	SOUP
Minestrone Soup and Bread
07:02	NOTE
Sunday
07:10	SIDE(REQUIRED)
SIDE(EMPTY)(FOODS-SIDE-DISH-STAPLE)
Pork Bulgogi and Kim-chi fried rice
Chocolate Fresh Cream Cake and Hot Chocolate
07:45	CHEESE
Chicken and Gouda
08:10	NOTE
Monday
08:30	BREAKFAST
Eggs and Muffin Bread
Orange juice
09:05	SIDE(REQUIRED)
SIDE(EMPTY)(FOODS-SIDE-DISH-SOUP)
Pork Bulgogi and Kim-chi Pot Noodle
Soy sauce
09:40	NOTE
Tuesday
~~
10:00	LUNCH
Pork, Jeyuk-bap and Kim-chi stew
Hot Chocolate
10:35	SIDE(REQUIRED)
SIDE(EMPTY)(FOODS-SIDE-DISH-STAPLE)
Pork Bulgogi and Kim-chi fried rice
Fresh Cream Cake and Hot Chocolate
11:05	NOTE
Wednesday
11:20	DINNER SET
Fish, Tuna Mayonnaise sandwich
Sweet Potato Dessert
12:00	NOTE
Thursday
12:15	SIDE(REQUIRED)
SIDE(EMPTY)(FOODS-SIDE-DISH-STAPLE)
Beef Noodles, Custard Cream Bread
and Hot Chocolate
12:50	SNACK
Cheese and Crackers
13:10	NOTE
Friday
13:30	SIDE(REQUIRED)
SIDE(EMPTY)(FOODS-SIDE-DISH-STAPLE)
Pork Bulgogi and Kim-chi fried rice
Chocolate Fresh Cream Cake and
Hot Chocolate
14:05	NOTE
Saturday
~~
14:20	SOUP
Minestrone Soup and Bread
07:02	NOTE
Sunday
07:10	SIDE(REQUIRED)
SIDE(EMPTY)(FOODS-SIDE-DISH-STAPLE)
Pork Bulgogi and Kim-chi fried rice
Chocolate Fresh Cream Cake and Hot Chocolate
07:45	CHEESE
Chicken and Gouda
08:10	NOTE
Monday
08:30	BREAKFAST
Eggs and Muffin Bread
Orange juice
09:05	SIDE(REQUIRED)
SIDE(EMPTY)(FOODS-SIDE-DISH-SOUP)
Pork Bulgogi and Kim-chi Pot Noodle
Soy sauce
09:40	NOTE
Tuesday
~~
10:00	LUNCH
Pork, Jeyuk-bap and Kim-chi stew
Hot Chocolate
10:35	SIDE(REQUIRED)
SIDE(EMPTY)(FOODS-SIDE-DISH-STAPLE)
Pork Bulgogi and Kim-chi fried rice
Fresh Cream Cake and Hot Chocolate
11:05	NOTE
Wednesday
11:20	DINNER SET
Fish, Tuna Mayonnaise sandwich
Sweet Potato Dessert
12:00	NOTE
Thursday
12:15	SIDE(REQUIRED)
SIDE(EMPTY)(FOODS-SIDE-DISH-STAPLE)
Beef Noodles, Custard Cream Bread
and Hot Chocolate
12:50	SNACK
Cheese and Crackers
13:10	NOTE
Friday
13:30	SIDE(REQUIRED)
SIDE(EMPTY)(FOODS-SIDE-DISH-STAPLE)
Pork Bulgogi and Kim-chi fried rice
Chocolate Fresh Cream Cake and
Hot Chocolate
14:05	NOTE
Saturday
~~
14:20	SOUP
Minestrone Soup and Bread
07:02	NOTE
Sunday
07:10	SIDE(REQUIRED)
SIDE(EMPTY)(FOODS-SIDE-DISH-STAPLE)
Pork Bulgogi and Kim-chi fried rice
Chocolate Fresh Cream Cake and Hot Chocolate
07:45	CHEESE
Chicken and Gouda
08:10	NOTE
Monday
08:30	BREAKFAST
Eggs and Muffin Bread
Orange juice
09:05	SIDE(REQUIRED)
SIDE(EMPTY)(FOODS-SIDE-DISH-SOUP)
Pork Bulgogi and Kim-chi Pot Noodle
Soy sauce
09:40	NOTE
Tuesday
~~
10:00	LUNCH
Pork, Jeyuk-bap and Kim-chi stew
Hot Chocolate
10:35	SIDE(REQUIRED)
SIDE(EMPTY)(FOODS-SIDE-DISH-STAPLE)
Pork Bulgogi and Kim-chi fried rice
Fresh Cream Cake and Hot Chocolate
11:05	NOTE
Wednesday
11:20	DINNER SET
Fish, Tuna Mayonnaise sandwich
Sweet Potato Dessert
12:00	NOTE
Thursday
12:15	SIDE(REQUIRED)
SIDE(EMPTY)(FOODS-SIDE-DISH-STAPLE)
Beef Noodles, Custard Cream Bread
and Hot Chocolate
12:50	SNACK
Cheese and Crackers
13:10	NOTE
Friday
13:30	SIDE(REQUIRED)
SIDE(EMPTY)(FOODS-SIDE-DISH-STAPLE)
Pork Bulgogi and Kim-chi fried rice
Chocolate Fresh Cream Cake and
Hot Chocolate
14:05	NOTE
Saturday
~~
14:20	SOUP
Minestrone Soup and Bread
07:02	NOTE
Sunday
07:10	SIDE(REQUIRED)
SIDE(EMPTY)(FOODS-SIDE-DISH-STAPLE)
Pork Bulgogi and Kim-chi fried rice
Chocolate Fresh Cream Cake and Hot Chocolate
07:45	CHEESE
Chicken and Gouda
08:10	NOTE
Monday
08:30	BREAKFAST
Eggs and Muffin Bread
Orange juice
09:05	SIDE(REQUIRED)
SIDE(EMPTY)(FOODS-SIDE-DISH-SOUP)
Pork Bulgogi and Kim-chi Pot Noodle
Soy sauce
09:40	NOTE
Tuesday
~~
10:00	LUNCH
Pork, Jeyuk-bap and Kim-chi stew
Hot Chocolate
10:35	SIDE(REQUIRED)
SIDE(EMPTY)(FOODS-SIDE-DISH-STAPLE)
Pork Bulgogi and Kim-chi fried rice
Fresh Cream Cake and Hot Chocolate
11:05	NOTE
Wednesday
11:20	DINNER SET
Fish, Tuna Mayonnaise sandwich
Sweet Potato Dessert
12:00	NOTE
Thursday
12:15	SIDE(REQUIRED)
SIDE(EMPTY)(FOODS-SIDE-DISH-STAPLE)
Beef Noodles, Custard Cream Bread
and Hot Chocolate
12:50	SNACK
Cheese and Crackers
13:10	NOTE
Friday
13:30	SIDE(REQUIRED)
SIDE(EMPTY)(FOODS-SIDE-DISH-STAPLE)
Pork Bulgogi and Kim-chi fried rice
Chocolate Fresh Cream Cake and
Hot Chocolate
14:05	NOTE
Saturday
~~
14:20	SOUP
Minestrone Soup and Bread
07:02	NOTE
Sunday
07:10	SIDE(REQUIRED)
SIDE(EMPTY)(FOODS-SIDE-DISH-STAPLE)
Pork Bulgogi and Kim-chi fried rice
Chocolate Fresh Cream Cake and Hot Chocolate
07:45	CHEESE
Chicken and Gouda
08:10	NOTE
Monday
08:30	BREAKFAST
Eggs and Muffin Bread
Orange juice
09:05	SIDE(REQUIRED)
SIDE(EMPTY)(FOODS-SIDE-DISH-SOUP)
Pork Bulgogi and Kim-chi Pot Noodle
Soy sauce
09:40	NOTE
Tuesday
~~
10:00	LUNCH
Pork, Jeyuk-bap and Kim-chi stew
Hot Chocolate
10:35	SIDE(REQUIRED)
SIDE(EMPTY)(FOODS-SIDE-DISH-STAPLE)
Pork Bulgogi and Kim-chi fried rice
Fresh Cream Cake and Hot Chocolate
11:05	NOTE
Wednesday
11:20	DINNER SET
Fish, Tuna Mayonnaise sandwich
Sweet Potato Dessert
12:00	NOTE
Thursday
12:15	SIDE(REQUIRED)
SIDE(EMPTY)(FOODS-SIDE-DISH-STAPLE)
Beef Noodles, Custard Cream Bread
and Hot Chocolate
12:50	SNACK
Cheese and Crackers
13:10	NOTE
Friday
13:30	SIDE(REQUIRED)
SIDE(EMPTY)(FOODS-SIDE-DISH-STAPLE)
Pork Bulgogi and Kim-chi fried rice
Chocolate Fresh Cream Cake and
Hot Chocolate
14:05	NOTE
Saturday
~~
14:20	SOUP
Minestrone Soup and Bread
07:02	NOTE
Sunday
07:10	SIDE(REQUIRED)
SIDE(EMPTY)(FOODS-SIDE-DISH-STAPLE)
Pork Bulgogi and Kim-chi fried rice
Chocolate Fresh Cream Cake and Hot Chocolate
07:45	CHEESE
Chicken and Gouda
08:10	NOTE
Monday
08:30	BREAKFAST
Eggs and Muffin Bread
Orange juice
09:05	SIDE(REQUIRED)
SIDE(EMPTY)(FOODS-SIDE-DISH-SOUP)
Pork Bulgogi and Kim-chi Pot Noodle
Soy sauce
09:40	NOTE
Tuesday
~~
10:00	LUNCH
Pork, Jeyuk-bap and Kim-chi stew
Hot Chocolate
10:35	SIDE(REQUIRED)
SIDE(EMPTY)(FOODS-SIDE-DISH-STAPLE)
Pork Bulgogi and Kim-chi fried rice
Fresh Cream Cake and Hot Chocolate
11:05	NOTE
Wednesday
11:20	DINNER SET
Fish, Tuna Mayonnaise sandwich
Sweet Potato Dessert
12:00	NOTE
Thursday
12:15	SIDE(REQUIRED)
SIDE(EMPTY)(FOODS-SIDE-DISH-STAPLE)
Beef Noodles, Custard Cream Bread
and Hot Chocolate
12:50	SNACK
Cheese and Crackers
13:10	NOTE
Friday
13:30	SIDE(REQUIRED)
SIDE(EMPTY)(FOODS-SIDE-DISH-STAPLE)
Pork Bulgogi and Kim-chi fried rice
Chocolate Fresh Cream Cake and
Hot Chocolate
14:05	NOTE
Saturday
~~
14:20	SOUP
Minestrone Soup and Bread
07:02	NOTE
Sunday
07:10	SIDE(REQUIRED)
SIDE(EMPTY)(FOODS-SIDE-DISH-STAPLE)
Pork Bulgogi and Kim-chi fried rice
Chocolate Fresh Cream Cake and Hot Chocolate
07:45	CHEESE
Chicken and Gouda
08:10	NOTE
Monday
08:30	BREAKFAST
Eggs and Muffin Bread
Orange juice
09:05	SIDE(REQUIRED)
SIDE(EMPTY)(FOODS-SIDE-DISH-SOUP)
Pork Bulgogi and Kim-chi Pot Noodle
Soy sauce
09:40	NOTE
Tuesday
~~
10:00	LUNCH
Pork, Jeyuk-bap and Kim-chi stew
Hot Chocolate
10:35	SIDE(REQUIRED)
SIDE(EMPTY)(FOODS-SIDE-DISH-STAPLE)
Pork Bulgogi and Kim-chi fried rice
Fresh Cream Cake and Hot Chocolate
11:05	NOTE
Wednesday
11:20	DINNER SET
Fish, Tuna Mayonnaise sandwich
Sweet Potato Dessert
12:00	NOTE
Thursday
12:15	SIDE(REQUIRED)
SIDE(EMPTY)(FOODS-SIDE-DISH-STAPLE)
Beef Noodles, Custard Cream Bread
and Hot Chocolate
12:50	SNACK
Cheese and Crackers
13:10	NOTE
Friday
13:30	SIDE(REQUIRED)
SIDE(EMPTY)(FOODS-SIDE-DISH-STAPLE)
Pork Bulgogi and Kim-chi fried rice
Chocolate Fresh Cream Cake and
Hot Chocolate
14:05	NOTE
Saturday
~~
14:20	SOUP
Minestrone Soup and Bread
07:02	NOTE
Sunday
07:10	SIDE(REQUIRED)
SIDE(EMPTY)(FOODS-SIDE-DISH-STAPLE)
Pork Bulgogi and Kim-chi fried rice
Chocolate Fresh Cream Cake and Hot Chocolate
07:45	CHEESE
Chicken and Gouda
08:10	NOTE
Monday
08:30	BREAKFAST
Eggs and Muffin Bread
Orange juice
09:05	SIDE(REQUIRED)
SIDE(EMPTY)(FOODS-SIDE-DISH-SOUP)
Pork Bulgogi and Kim-chi Pot Noodle
Soy sauce
09:40	NOTE
Tuesday
~~
10:00	LUNCH
Pork, Jeyuk-bap and Kim-chi stew
Hot Chocolate
10:35	SIDE(REQUIRED)
SIDE(EMPTY)(FOODS-SIDE-DISH-STAPLE)
Pork Bulgogi and Kim-chi fried rice
Fresh Cream Cake and Hot Chocolate
11:05	NOTE
Wednesday
11:20	DINNER SET
Fish, Tuna Mayonnaise sandwich
Sweet Potato Dessert
12:00	NOTE
Thursday
12:15	SIDE(REQUIRED)
SIDE(EMPTY)(FOODS-SIDE-DISH-STAPLE)
Beef Noodles, Custard Cream Bread
and Hot Chocolate
12:50	SNACK
Cheese and Crackers
13:10	NOTE
Friday
13:30	SIDE(REQUIRED)
SIDE(EMPTY)(FOODS-SIDE-DISH-STAPLE)
Pork Bulgogi and Kim-chi fried rice
Chocolate Fresh Cream Cake and
Hot Chocolate
14:05	NOTE
Saturday
~~
14:20	SOUP
Minestrone Soup and Bread
07:02	NOTE
Sunday
07:10	SIDE(REQUIRED)
SIDE(EMPTY)(FOODS-SIDE-DISH-STAPLE)
Pork Bulgogi and Kim-chi fried rice
Chocolate Fresh Cream Cake and Hot Chocolate
07:45	CHEESE
Chicken and Gouda
08:10	NOTE
Monday
08:30	BREAKFAST
Eggs and Muffin Bread
Orange juice
09:05	SIDE(REQUIRED)
SIDE(EMPTY)(FOODS-SIDE-DISH-SOUP)
Pork Bulgogi and Kim-chi Pot Noodle
Soy sauce
09:40	NOTE
Tuesday
~~
10:00	LUNCH
Pork, Jeyuk-bap and Kim-chi stew
Hot Chocolate
10:35	SIDE(REQUIRED)
SIDE(EMPTY)(FOODS-SIDE-DISH-STAPLE)
Pork Bulgogi and Kim-chi fried rice
Fresh Cream Cake and Hot Chocolate
11:05	NOTE
Wednesday
11:20	DINNER SET
Fish, Tuna Mayonnaise sandwich
Sweet Potato Dessert
12:00	NOTE
Thursday
12:15	SIDE(REQUIRED)
SIDE(EMPTY)(FOODS-SIDE-DISH-STAPLE)
Beef Noodles, Custard Cream Bread
and Hot Chocolate
12:50	SNACK
Cheese and Crackers
13:10	NOTE
Friday
13:30	SIDE(REQUIRED)
SIDE(EMPTY)(FOODS-SIDE-DISH-STAPLE)
Pork Bulgogi and Kim-chi fried rice
Chocolate Fresh Cream Cake and
Hot Chocolate
14:05	NOTE
Saturday
~~
14:20	SOUP
Minestrone Soup and Bread
07:02	NOTE
Sunday
07:10	SIDE(REQUIRED)
SIDE(EMPTY)(FOODS-SIDE-DISH-STAPLE)
Pork Bulgogi and Kim-chi fried rice
Chocolate Fresh Cream Cake and Hot Chocolate
07:45	CHEESE
Chicken and Gouda
08:10	NOTE
Monday
08:30	BREAKFAST
Eggs and Muffin Bread
Orange juice
09:05	SIDE(REQUIRED)
SIDE(EMPTY)(FOODS-SIDE-DISH-SOUP)
Pork Bulgogi and Kim-chi Pot Noodle
Soy sauce
09:40	NOTE
Tuesday
~~
10:00	LUNCH
Pork, Jeyuk-bap and Kim-chi stew
Hot Chocolate
10:35	SIDE(REQUIRED)
SIDE(EMPTY)(FOODS-SIDE-DISH-STAPLE)
Pork Bulgogi and Kim-chi fried rice
Fresh Cream Cake and Hot Chocolate
11:05	NOTE
Wednesday
11:20	DINNER SET
Fish, Tuna Mayonnaise sandwich
Sweet Potato Dessert
12:00	NOTE
Thursday
12:15	SIDE(REQUIRED)
SIDE(EMPTY)(FOODS-SIDE-DISH-STAPLE)
Beef Noodles, Custard Cream Bread
and Hot Chocolate
12:50	SNACK
Cheese and Crackers
13:10	NOTE
Friday
13:30	SIDE(REQUIRED)
SIDE(EMPTY)(FOODS-SIDE-DISH-STAPLE)
Pork Bulgogi and Kim-chi fried rice
Chocolate Fresh Cream Cake and
Hot Chocolate
14:05	NOTE
Saturday
~~
14:20	SOUP
Minestrone Soup and Bread
07:02	NOTE
Sunday
07:10	SIDE(REQUIRED)
SIDE(EMPTY)(FOODS-SIDE-DISH-STAPLE)
Pork Bulgogi and Kim-chi fried rice
Chocolate Fresh Cream Cake and Hot Chocolate
07:45	CHEESE
Chicken and Gouda
08:10	NOTE
Monday
08:30	BREAKFAST
Eggs and Muffin Bread
Orange juice
09:05	SIDE(REQUIRED)
SIDE(EMPTY)(FOODS-SIDE-DISH-SOUP)
Pork Bulgogi and Kim-chi Pot Noodle
Soy sauce
09:40	NOTE
Tuesday
~~
10:00	LUNCH
Pork, Jeyuk-bap and Kim-chi stew
Hot Chocolate
10:35	SIDE(REQUIRED)
SIDE(EMPTY)(FOODS-SIDE-DISH-STAPLE)
Pork Bulgogi and Kim-chi fried rice
Fresh Cream Cake and Hot Chocolate
11:05	NOTE
Wednesday
11:20	DINNER SET
Fish, Tuna Mayonnaise sandwich
Sweet Potato Dessert
12:00	NOTE
Thursday
12:15	SIDE(REQUIRED)
SIDE(EMPTY)(FOODS-SIDE-DISH-STAPLE)
Beef Noodles, Custard Cream Bread
and Hot Chocolate
12:50	SNACK
Cheese and Crackers
13:10	NOTE
Friday
13:30	SIDE(REQUIRED)
SIDE(EMPTY)(FOODS-SIDE-DISH-STAPLE)
Pork Bulgogi and Kim-chi fried rice
Chocolate Fresh Cream Cake and
Hot Chocolate
14:05	NOTE
Saturday
~~
14:20	SOUP
Minestrone Soup and Bread
07:02	NOTE
Sunday
07:10	SIDE(REQUIRED)
SIDE(EMPTY)(FOODS-SIDE-DISH-STAPLE)
Pork Bulgogi and Kim-chi fried rice
Chocolate Fresh Cream Cake and Hot Chocolate
07:45	CHEESE
Chicken and Gouda
08:10	NOTE
Monday
08:30	BREAKFAST
Eggs and Muffin Bread
Orange juice
09:05	SIDE(REQUIRED)
SIDE(EMPTY)(FOODS-SIDE-DISH-SOUP)
Pork Bulgogi and Kim-chi Pot Noodle
Soy sauce
09:40	NOTE
Tuesday
~~
10:00	LUNCH
Pork, Jeyuk-bap and Kim-chi stew
Hot Chocolate
10:35	SIDE(REQUIRED)
SIDE(EMPTY)(FOODS-SIDE-DISH-STAPLE)
Pork Bulgogi and Kim-chi fried rice
Fresh Cream Cake and Hot Chocolate
11:05	NOTE
Wednesday
11:20	DINNER SET
Fish, Tuna Mayonnaise sandwich
Sweet Potato Dessert
12:00	NOTE
Thursday
12:15	SIDE(REQUIRED)
SIDE(EMPTY)(FOODS-SIDE-DISH-STAPLE)
Beef Noodles, Custard Cream Bread
and Hot Chocolate
12:50	SNACK
Cheese and Crackers
13:10	NOTE
Friday
13:30	SIDE(REQUIRED)
SIDE(EMPTY)(FOODS-SIDE-DISH-STAPLE)
Pork Bulgogi and Kim-chi fried rice
Chocolate Fresh Cream Cake and
Hot Chocolate
14:05	NOTE
Saturday
~~
14:20	SOUP
Minestrone Soup and Bread
07:02	NOTE
Sunday
07:10	SIDE(REQUIRED)
SIDE(EMPTY)(FOODS-SIDE-DISH-STAPLE)
Pork Bulgogi and Kim-chi fried rice
Chocolate Fresh Cream Cake and Hot Chocolate
07:45	CHEESE
Chicken and Gouda
08:10	NOTE
Monday
08:30	BREAKFAST
Eggs and Muffin Bread
Orange juice
09:05	SIDE(REQUIRED)
SIDE(EMPTY)(FOODS-SIDE-DISH-SOUP)
Pork Bulgogi and Kim-chi Pot Noodle
Soy sauce
09:40	NOTE
Tuesday
~~
10:00	LUNCH
Pork, Jeyuk-bap and Kim-chi stew
Hot Chocolate
10:35	SIDE(REQUIRED)
SIDE(EMPTY)(FOODS-SIDE-DISH-STAPLE)
Pork Bulgogi and Kim-chi fried rice
Fresh Cream Cake and Hot Chocolate
11:05	NOTE
Wednesday
11:20	DINNER SET
Fish, Tuna Mayonnaise sandwich
Sweet Potato Dessert
12:00	NOTE
Thursday
12:15	SIDE(REQUIRED)
SIDE(EMPTY)(FOODS-SIDE-DISH-STAPLE)
Beef Noodles, Custard Cream Bread
and Hot Chocolate
12:50	SNACK
Cheese and Crackers
13:10	NOTE
Friday
13:30	SIDE(REQUIRED)
SIDE(EMPTY)(FOODS-SIDE-DISH-STAPLE)
Pork Bulgogi and Kim-chi fried rice
Chocolate Fresh Cream Cake and
Hot Chocolate
14:05	NOTE
Saturday
~~
14:20	SOUP
Minestrone Soup and Bread
07:02	NOTE
Sunday
07:10	SIDE(REQUIRED)
SIDE(EMPTY)(FOODS-SIDE-DISH-STAPLE)
Pork Bulgogi and Kim-chi fried rice
Chocolate Fresh Cream Cake and Hot Chocolate
07:45	CHEESE
Chicken and Gouda
08:10	NOTE
Monday
08:30	BREAKFAST
Eggs and Muffin Bread
Orange juice
09:05	SIDE(REQUIRED)
SIDE(EMPTY)(FOODS-SIDE-DISH-SOUP)
Pork Bulgogi and Kim-chi Pot Noodle
Soy sauce
09:40	NOTE
Tuesday
~~
10:00	LUNCH
Pork, Jeyuk-bap and Kim-chi stew
Hot Chocolate
10:35	SIDE(REQUIRED)
SIDE(EMPTY)(FOODS-SIDE-DISH-STAPLE)
Pork Bulgogi and Kim-chi fried rice
Fresh Cream Cake and Hot Chocolate
11:05	NOTE
Wednesday
11:20	DINNER SET
Fish, Tuna Mayonnaise sandwich
Sweet Potato Dessert
12:00	NOTE
Thursday
12:15	SIDE(REQUIRED)
SIDE(EMPTY)(FOODS-SIDE-DISH-STAPLE)
Beef Noodles, Custard Cream Bread
and Hot Chocolate
12:50	SNACK
Cheese and Crackers
13:10	NOTE
Friday
13:30	SIDE(REQUIRED)
SIDE(EMPTY)(FOODS-SIDE-DISH-STAPLE)
Pork Bulgogi and Kim-chi fried rice
Chocolate Fresh Cream Cake and
Hot Chocolate
14:05	NOTE
Saturday
~~
14:20	SOUP
Minestrone Soup and Bread
07:02	NOTE
Sunday
07:10	SIDE(REQUIRED)
SIDE(EMPTY)(FOODS-SIDE-DISH-STAPLE)
Pork Bulgogi and Kim-chi fried rice
Chocolate Fresh Cream Cake and Hot Chocolate
07:45	CHEESE
Chicken and Gouda
08:10	NOTE
Monday
08:30	BREAKFAST
Eggs and Muffin Bread
Orange juice
09:05	SIDE(REQUIRED)
SIDE(EMPTY)(FOODS-SIDE-DISH-SOUP)
Pork Bulgogi and Kim-chi Pot Noodle
Soy sauce
09:40	NOTE
Tuesday
~~
10:00	LUNCH
Pork, Jeyuk-bap and Kim-chi stew
Hot Chocolate
10:35	SIDE(REQUIRED)
SIDE(EMPTY)(FOODS-SIDE-DISH-STAPLE)
Pork Bulgogi and Kim-chi fried rice
Fresh Cream Cake and Hot Chocolate
11:05	NOTE
Wednesday
11:20	DINNER SET
Fish, Tuna Mayonnaise sandwich
Sweet Potato Dessert
12:00	NOTE
Thursday
12:15	SIDE(REQUIRED)
SIDE(EMPTY)(FOODS-SIDE-DISH-STAPLE)
Beef Noodles, Custard Cream Bread
and Hot Chocolate
12:50	SNACK
Cheese and Crackers
13:10	NOTE
Friday
13:30	SIDE(REQUIRED)
SIDE(EMPTY)(FOODS-SIDE-DISH-STAPLE)
Pork Bulgogi and Kim-chi fried rice
Chocolate Fresh Cream Cake and
Hot Chocolate
14:05	NOTE
Saturday
~~
14:20	SOUP
Minestrone Soup and Bread
07:02	NOTE
Sunday
07:10	SIDE(REQUIRED)
SIDE(EMPTY)(FOODS-SIDE-DISH-STAPLE)
Pork Bulgogi and Kim-chi fried rice
Chocolate Fresh Cream Cake and Hot Chocolate
07:45	CHEESE
Chicken and Gouda
08:10	NOTE
Monday
08:30	BREAKFAST
Eggs and Muffin Bread
Orange juice
09:05	SIDE(REQUIRED)
SIDE(EMPTY)(FOODS-SIDE-DISH-SOUP)
Pork Bulgogi and Kim-chi Pot Noodle
Soy sauce
09:40	NOTE
Tuesday
~~
10:00	LUNCH
Pork, Jeyuk-bap and Kim-chi stew
Hot Chocolate
10:35	SIDE(REQUIRED)
SIDE(EMPTY)(FOODS-SIDE-DISH-STAPLE)
Pork Bulgogi and Kim-chi fried rice
Fresh Cream Cake and Hot Chocolate
11:05	NOTE
Wednesday
11:20	DINNER SET
Fish, Tuna Mayonnaise sandwich
Sweet Potato Dessert
12:00	NOTE
Thursday
12:15	SIDE(REQUIRED)
SIDE(EMPTY)(FOODS-SIDE-DISH-STAPLE)
Beef Noodles, Custard Cream Bread
and Hot Chocolate
12:50	SNACK
Cheese and Crackers
13:10	NOTE
Friday
13:30	SIDE(REQUIRED)
SIDE(EMPTY)(FOODS-SIDE-DISH-STAPLE)
Pork Bulgogi and Kim-chi fried rice
Chocolate Fresh Cream Cake and
Hot Chocolate
14:05	NOTE
Saturday
~~
14:20	SOUP
Minestrone Soup and Bread
07:02	NOTE
Sunday
07:10	SIDE(REQUIRED)
SIDE(EMPTY)(FOODS-SIDE-DISH-STAPLE)
Pork Bulgogi and Kim-chi fried rice
Chocolate Fresh Cream Cake and Hot Chocolate
07:45	CHEESE
Chicken and Gouda
08:10	NOTE
Monday
08:30	BREAKFAST
Eggs and Muffin Bread
Orange juice
09:05	SIDE(REQUIRED)
SIDE(EMPTY)(FOODS-SIDE-DISH-SOUP)
Pork Bulgogi and Kim-chi Pot Noodle
Soy sauce
09:40	NOTE
Tuesday
~~
10:00	LUNCH
Pork, Jeyuk-bap and Kim-chi stew
Hot Chocolate
10:35	SIDE(REQUIRED)
SIDE(EMPTY)(FOODS-SIDE-DISH-STAPLE)
Pork Bulgogi and Kim-chi fried rice
Fresh Cream Cake and Hot Chocolate
11:05	NOTE
Wednesday
11:20	DINNER SET
Fish, Tuna Mayonnaise sandwich
Sweet Potato Dessert
12:00	NOTE
Thursday
12:15	SIDE(REQUIRED)
SIDE(EMPTY)(FOODS-SIDE-DISH-STAPLE)
Beef Noodles, Custard Cream Bread
and Hot Chocolate
12:50	SNACK
Cheese and Crackers
13:10	NOTE
Friday
13:30	SIDE(REQUIRED)
SIDE(EMPTY)(FOODS-SIDE-DISH-STAPLE)
Pork Bulgogi and Kim-chi fried rice
Chocolate Fresh Cream Cake and
Hot Chocolate
14:05	NOTE
Saturday
~~
14:20	SOUP
Minestrone Soup and Bread
07:02	NOTE
Sunday
07:10	SIDE(REQUIRED)
SIDE(EMPTY)(FOODS-SIDE-DISH-STAPLE)
Pork Bulgogi and Kim-chi fried rice
Chocolate Fresh Cream Cake and Hot Chocolate
07:45	CHEESE
Chicken and Gouda
08:10	NOTE
Monday
08:30	BREAKFAST
Eggs and Muffin Bread
Orange juice
09:05	SIDE(REQUIRED)
SIDE(EMPTY)(FOODS-SIDE-DISH-SOUP)
Pork Bulgogi and Kim-chi Pot Noodle
Soy sauce
09:40	NOTE
Tuesday
~~
10:00	LUNCH
Pork, Jeyuk-bap and Kim-chi stew
Hot Chocolate
10:35	SIDE(REQUIRED)
SIDE(EMPTY)(FOODS-SIDE-DISH-STAPLE)
Pork Bulgogi and Kim-chi fried rice
Fresh Cream Cake and Hot Chocolate
11:05	NOTE
Wednesday
11:20	DINNER SET
Fish, Tuna Mayonnaise sandwich
Sweet Potato Dessert
12:00	NOTE
Thursday
12:15	SIDE(REQUIRED)
SIDE(EMPTY)(FOODS-SIDE-DISH-STAPLE)
Beef Noodles, Custard Cream Bread
and Hot Chocolate
12:50	SNACK
Cheese and Crackers
13:10	NOTE
Friday
13:30	SIDE(REQUIRED)
SIDE(EMPTY)(FOODS-SIDE-DISH-STAPLE)
Pork Bulgogi and Kim-chi fried rice
Chocolate Fresh Cream Cake and
Hot Chocolate
14:05	NOTE
Saturday
~~
14:20	SOUP
Minestrone Soup and Bread
07:02	NOTE
Sunday
07:10	SIDE(REQUIRED)
SIDE(EMPTY)(FOODS-SIDE-DISH-STAPLE)
Pork Bulgogi and Kim-chi fried rice
Chocolate Fresh Cream Cake and Hot Chocolate
07:45	CHEESE
Chicken and Gouda
08:10	NOTE
Monday
08:30	BREAKFAST
Eggs and Muffin Bread
Orange juice
09:05	SIDE(REQUIRED)
SIDE(EMPTY)(FOODS-SIDE-DISH-SOUP)
Pork Bulgogi and Kim-chi Pot Noodle
Soy sauce
09:40	NOTE
Tuesday
~~
10:00	LUNCH
Pork, Jeyuk-bap and Kim-chi stew
Hot Chocolate
10:35	SIDE(REQUIRED)
SIDE(EMPTY)(FOODS-SIDE-DISH-STAPLE)
Pork Bulgogi and Kim-chi fried rice
Fresh Cream Cake and Hot Chocolate
11:05	NOTE
Wednesday
11:20	DINNER SET
Fish, Tuna Mayonnaise sandwich
Sweet Potato Dessert
12:00	NOTE
Thursday
12:15	SIDE(REQUIRED)
SIDE(EMPTY)(FOODS-SIDE-DISH-STAPLE)
Beef Noodles, Custard Cream Bread
and Hot Chocolate
12:50	SNACK
Cheese and Crackers
13:10	NOTE
Friday
13:30	SIDE(REQUIRED)
SIDE(EMPTY)(FOODS-SIDE-DISH-STAPLE)
Pork Bulgogi and Kim-chi fried rice
Chocolate Fresh Cream Cake and
Hot Chocolate
14:05	NOTE
Saturday
~~
14:20	SOUP
Minestrone Soup and Bread
07:02	NOTE
Sunday
07:10	SIDE(REQUIRED)
SIDE(EMPTY)(FOODS-SIDE-DISH-STAPLE)
Pork Bulgogi and Kim-chi fried rice
Chocolate Fresh Cream Cake and Hot Chocolate
07:45	CHEESE
Chicken and Gouda
08:10	NOTE
Monday
08:30	BREAKFAST
Eggs and Muffin Bread
Orange juice
09:05	SIDE(REQUIRED)
SIDE(EMPTY)(FOODS-SIDE-DISH-SOUP)
Pork Bulgogi and Kim-chi Pot Noodle
Soy sauce
09:40	NOTE
Tuesday
~~
10:00	LUNCH
Pork, Jeyuk-bap and Kim-chi stew
Hot Chocolate
10:35	SIDE(REQUIRED)
SIDE(EMPTY)(FOODS-SIDE-DISH-STAPLE)
Pork Bulgogi and Kim-chi fried rice
Fresh Cream Cake and Hot Chocolate
11:05	NOTE
Wednesday
11:20	DINNER SET
Fish, Tuna Mayonnaise sandwich
Sweet Potato Dessert
12:00	NOTE
Thursday
12:15	SIDE(REQUIRED)
SIDE(EMPTY)(FOODS-SIDE-DISH-STAPLE)
Beef Noodles, Custard Cream Bread
and Hot Chocolate
12:50	SNACK
Cheese and Crackers
13:10	NOTE
Friday
13:30	SIDE(REQUIRED)
SIDE(EMPTY)(FOODS-SIDE-DISH-STAPLE)
Pork Bulgogi and Kim-chi fried rice
Chocolate Fresh Cream Cake and
Hot Chocolate
14:05	NOTE
Saturday
~~
14:20	SOUP
Minestrone Soup and Bread
07:02	NOTE
Sunday
07:10	SIDE(REQUIRED)
SIDE(EMPTY)(FOODS-SIDE-DISH-STAPLE)
Pork Bulgogi and Kim-chi fried rice
Chocolate Fresh Cream Cake and Hot Chocolate
07:45	CHEESE
Chicken and Gouda
08:10	NOTE
Monday
08:30	BREAKFAST
Eggs and Muffin Bread
Orange juice
09:05	SIDE(REQUIRED)
SIDE(EMPTY)(FOODS-SIDE-DISH-SOUP)
Pork Bulgogi and Kim-chi Pot Noodle
Soy sauce
09:40	NOTE
Tuesday
~~
10:00	LUNCH
Pork, Jeyuk-bap and Kim-chi stew
Hot Chocolate
10:35	SIDE(REQUIRED)
SIDE(EMPTY)(FOODS-SIDE-DISH-STAPLE)
Pork Bulgogi and Kim-chi fried rice
Fresh Cream Cake and Hot Chocolate
11:05	NOTE
Wednesday
11:20	DINNER SET
Fish, Tuna Mayonnaise sandwich
Sweet Potato Dessert
12:00	NOTE
Thursday
12:15	SIDE(REQUIRED)
SIDE(EMPTY)(FOODS-SIDE-DISH-STAPLE)
Beef Noodles, Custard Cream Bread
and Hot Chocolate
12:50	SNACK
Cheese and Crackers
13:10	NOTE
Friday
13:30	SIDE(REQUIRED)
SIDE(EMPTY)(FOODS-SIDE-DISH-STAPLE)
Pork Bulgogi and Kim-chi fried rice
Chocolate Fresh Cream Cake and
Hot Chocolate
14:05	NOTE
Saturday
~~
14:20	SOUP
Minestrone Soup and Bread
07:02	NOTE
Sunday
07:10	SIDE(REQUIRED)
SIDE(EMPTY)(FOODS-SIDE-DISH-STAPLE)
Pork Bulgogi and Kim-chi fried rice
Chocolate Fresh Cream Cake and Hot Chocolate
07:45	CHEESE
Chicken and Gouda
08:10	NOTE
Monday
08:30	BREAKFAST
Eggs and Muffin Bread
Orange juice
09:05	SIDE(REQUIRED)
SIDE(EMPTY)(FOODS-SIDE-DISH-SOUP)
Pork Bulgogi and Kim-chi Pot Noodle
Soy sauce
09:40	NOTE
Tuesday
~~
10:00	LUNCH
Pork, Jeyuk-bap and Kim-chi stew
Hot Chocolate
10:35	SIDE(REQUIRED)
SIDE(EMPTY)(FOODS-SIDE-DISH-STAPLE)
Pork Bulgogi and Kim-chi fried rice
Fresh Cream Cake and Hot Chocolate
11:05	NOTE
Wednesday
11:20	DINNER SET
Fish, Tuna Mayonnaise sandwich
Sweet Potato Dessert
12:00	NOTE
Thursday
12:15	SIDE(REQUIRED)
SIDE(EMPTY)(FOODS-SIDE-DISH-STAPLE)
Beef Noodles, Custard Cream Bread
and Hot Chocolate
12:50	SNACK
Cheese and Crackers
13:10	NOTE
Friday
13:30	SIDE(REQUIRED)
SIDE(EMPTY)(FOODS-SIDE-DISH-STAPLE)
Pork Bulgogi and Kim-chi fried rice
Chocolate Fresh Cream Cake and
Hot Chocolate
14:05	NOTE
Saturday
~~
14:20	SOUP
Minestrone Soup and Bread
07:02	NOTE
Sunday
07:10	SIDE(REQUIRED)
SIDE(EMPTY)(FOODS-SIDE-DISH-STAPLE)
Pork Bulgogi and Kim-chi fried rice
Chocolate Fresh Cream Cake and Hot Chocolate
07:45	CHEESE
Chicken and Gouda
08:10	NOTE
Monday
08:30	BREAKFAST
Eggs and Muffin Bread
Orange juice
09:05	SIDE(REQUIRED)
SIDE(EMPTY)(FOODS-SIDE-DISH-SOUP)
Pork Bulgogi and Kim-chi Pot Noodle
Soy sauce
09:40	NOTE
Tuesday
~~
10:00	LUNCH
Pork, Jeyuk-bap and Kim-chi stew
Hot Chocolate
10:35	SIDE(REQUIRED)
SIDE(EMPTY)(FOODS-SIDE-DISH-STAPLE)
Pork Bulgogi and Kim-chi fried rice
Fresh Cream Cake and Hot Chocolate
11:05	NOTE
Wednesday
11:20	DINNER SET
Fish, Tuna Mayonnaise sandwich
Sweet Potato Dessert
12:00	NOTE
Thursday
12:15	SIDE(REQUIRED)
SIDE(EMPTY)(FOODS-SIDE-DISH-STAPLE)
Beef Noodles, Custard Cream Bread
and Hot Chocolate
12:50	SNACK
Cheese and Crackers
13:10	NOTE
Friday
13:30	SIDE(REQUIRED)
SIDE(EMPTY)(FOODS-SIDE-DISH-STAPLE)
Pork Bulgogi and Kim-chi fried rice
Chocolate Fresh Cream Cake and
Hot Chocolate
14:05	NOTE
Saturday
~~
14:20	SOUP
Minestrone Soup and Bread
07:02	NOTE
Sunday
07:10	SIDE(REQUIRED)
SIDE(EMPTY)(FOODS-SIDE-DISH-STAPLE)
Pork Bulgogi and Kim-chi fried rice
Chocolate Fresh Cream Cake and Hot Chocolate
07:45	CHEESE
Chicken and Gouda
08:10	NOTE
Monday
08:30	BREAKFAST
Eggs and Muffin Bread
Orange juice
09:05	SIDE(REQUIRED)
SIDE(EMPTY)(FOODS-SIDE-DISH-SOUP)
Pork Bulgogi and Kim-chi Pot Noodle
Soy sauce
09:40	NOTE
Tuesday
~~
10:00	LUNCH
Pork, Jeyuk-bap and Kim-chi stew
Hot Chocolate
10:35	SIDE(REQUIRED)
SIDE(EMPTY)(FOODS-SIDE-DISH-STAPLE)
Pork Bulgogi and Kim-chi fried rice
Fresh Cream Cake and Hot Chocolate
11:05	NOTE
Wednesday
11:20	DINNER SET
Fish, Tuna Mayonnaise sandwich
Sweet Potato Dessert
12:00	NOTE
Thursday
12:15	SIDE(REQUIRED)
SIDE(EMPTY)(FOODS-SIDE-DISH-STAPLE)
Beef Noodles, Custard Cream Bread
and Hot Chocolate
12:50	SNACK
Cheese and Crackers
13:10	NOTE
Friday
13:30	SIDE(REQUIRED)
SIDE(EMPTY)(FOODS-SIDE-DISH-STAPLE)
Pork Bulgogi and Kim-chi fried rice
Chocolate Fresh Cream Cake and
Hot Chocolate
14:05	NOTE
Saturday
~~
14:20	SOUP
Minestrone Soup and Bread
07:02	NOTE
Sunday
07:10	SIDE(REQUIRED)
SIDE(EMPTY)(FOODS-SIDE-DISH-STAPLE)
Pork Bulgogi and Kim-chi fried rice
Chocolate Fresh Cream Cake and Hot Chocolate
07:45	CHEESE
Chicken and Gouda
08:10	NOTE
Monday
08:30	BREAKFAST
Eggs and Muffin Bread
Orange juice
09:05	SIDE(REQUIRED)
SIDE(EMPTY)(FOODS-SIDE-DISH-SOUP)
Pork Bulgogi and Kim-chi Pot Noodle
Soy sauce
09:40	NOTE
Tuesday
~~
10:00	LUNCH
Pork, Jeyuk-bap and Kim-chi stew
Hot Chocolate
10:35	SIDE(REQUIRED)
SIDE(EMPTY)(FOODS-SIDE-DISH-STAPLE)
Pork Bulgogi and Kim-chi fried rice
Fresh Cream Cake and Hot Chocolate
11:05	NOTE
Wednesday
11:20	DINNER SET
Fish, Tuna Mayonnaise sandwich
Sweet Potato Dessert
12:00	NOTE
Thursday
12:15	SIDE(REQUIRED)
SIDE(EMPTY)(FOODS-SIDE-DISH-STAPLE)
Beef Noodles, Custard Cream Bread
and Hot Chocolate
12:50	SNACK
Cheese and Crackers
13:10	NOTE
Friday
13:30	SIDE(REQUIRED)
SIDE(EMPTY)(FOODS-SIDE-DISH-STAPLE)
Pork Bulgogi and Kim-chi fried rice
Chocolate Fresh Cream Cake and
Hot Chocolate
14:05	NOTE
Saturday
~~
14:20	SOUP
Minestrone Soup and Bread
07:02	NOTE
Sunday
07:10	SIDE(REQUIRED)
SIDE(EMPTY)(FOODS-SIDE-DISH-STAPLE)
Pork Bulgogi and Kim-chi fried rice
Chocolate Fresh Cream Cake and Hot Chocolate
07:45	CHEESE
Chicken and Gouda
08:10	NOTE
Monday
08:30	BREAKFAST
Eggs and Muffin Bread
Orange juice
09:05	SIDE(REQUIRED)
SIDE(EMPTY)(FOODS-SIDE-DISH-SOUP)
Pork Bulgogi and Kim-chi Pot Noodle
Soy sauce
09:40	NOTE
Tuesday
~~
10:00	LUNCH
Pork, Jeyuk-bap and Kim-chi stew
Hot Chocolate
10:35	SIDE(REQUIRED)
SIDE(EMPTY)(FOODS-SIDE-DISH-STAPLE)
Pork Bulgogi and Kim-chi fried rice
Fresh Cream Cake and Hot Chocolate
11:05	NOTE
Wednesday
11:20	DINNER SET
Fish, Tuna Mayonnaise sandwich
Sweet Potato Dessert
12:00	NOTE
Thursday
12:15	SIDE(REQUIRED)
SIDE(EMPTY)(FOODS-SIDE-DISH-STAPLE)
Beef Noodles, Custard Cream Bread
and Hot Chocolate
12:50	SNACK
Cheese and Crackers
13:10	NOTE
Friday
13:30	SIDE(REQUIRED)
SIDE(EMPTY)(FOODS-SIDE-DISH-STAPLE)
Pork Bulgogi and Kim-chi fried rice
Chocolate Fresh Cream Cake and
Hot Chocolate
14:05	NOTE
Saturday
~~
14:20	SOUP
Minestrone Soup and Bread
07:02	NOTE
Sunday
07:10	SIDE(REQUIRED)
SIDE(EMPTY)(FOODS-SIDE-DISH-STAPLE)
Pork Bulgogi and Kim-chi fried rice
Chocolate Fresh Cream Cake and Hot Chocolate
07:45	CHEESE
Chicken and Gouda
08:10	NOTE
Monday
08:30	BREAKFAST
Eggs and Muffin Bread
Orange juice
09:05	SIDE(REQUIRED)
SIDE(EMPTY)(FOODS-SIDE-DISH-SOUP)
Pork Bulgogi and Kim-chi Pot Noodle
Soy sauce
09:40	NOTE
Tuesday
~~
10:00	LUNCH
Pork, Jeyuk-bap and Kim-chi stew
Hot Chocolate
10:35	SIDE(REQUIRED)
SIDE(EMPTY)(FOODS-SIDE-DISH-STAPLE)
Pork Bulgogi and Kim-chi fried rice
Fresh Cream Cake and Hot Chocolate
11:05	NOTE
Wednesday
11:20	DINNER SET
Fish, Tuna Mayonnaise sandwich
Sweet Potato Dessert
12:00	NOTE
Thursday
12:15	SIDE(REQUIRED)
SIDE(EMPTY)(FOODS-SIDE-DISH-STAPLE)
Beef Noodles, Custard Cream Bread
and Hot Chocolate
12:50	SNACK
Cheese and Crackers
13:10	NOTE
Friday
13:30	SIDE(REQUIRED)
SIDE(EMPTY)(FOODS-SIDE-DISH-STAPLE)
Pork Bulgogi and Kim-chi fried rice
Chocolate Fresh Cream Cake and
Hot Chocolate
14:05	NOTE
Saturday
~~
14:20	SOUP
Minestrone Soup and Bread
07:02	NOTE
Sunday
07:10	SIDE(REQUIRED)
SIDE(EMPTY)(FOODS-SIDE-DISH-STAPLE)
Pork Bulgogi and Kim-chi fried rice
Chocolate Fresh Cream Cake and Hot Chocolate
07:45	CHEESE
Chicken and Gouda
08:10	NOTE
Monday
08:30	BREAKFAST
Eggs and Muffin Bread
Orange juice
09:05	SIDE(REQUIRED)
SIDE(EMPTY)(FOODS-SIDE-DISH-SOUP)
Pork Bulgogi and Kim-chi Pot Noodle
Soy sauce
09:40	NOTE
Tuesday
~~
10:00	LUNCH
Pork, Jeyuk-bap and Kim-chi stew
Hot Chocolate
10:35	SIDE(REQUIRED)
SIDE(EMPTY)(FOODS-SIDE-DISH-STAPLE)
Pork Bulgogi and Kim-chi fried rice
Fresh Cream Cake and Hot Chocolate
11:05	NOTE
Wednesday
11:20	DINNER SET
Fish, Tuna Mayonnaise sandwich
Sweet Potato Dessert
12:00	NOTE
Thursday
12:15	SIDE(REQUIRED)
SIDE(EMPTY)(FOODS-SIDE-DISH-STAPLE)
Beef Noodles, Custard Cream Bread
and Hot Chocolate
12:50	SNACK
Cheese and Crackers
13:10	NOTE
Friday
13:30	SIDE(REQUIRED)
SIDE(EMPTY)(FOODS-SIDE-DISH-STAPLE)
Pork Bulgogi and Kim-chi fried rice
Chocolate Fresh Cream Cake and
Hot Chocolate
14:05	NOTE
Saturday
~~
14:20	SOUP
Minestrone Soup and Bread
07:02	NOTE
Sunday
07:10	SIDE(REQUIRED)
SIDE(EMPTY)(FOODS-SIDE-DISH-STAPLE)
Pork Bulgogi and Kim-chi fried rice
Chocolate Fresh Cream Cake and Hot Chocolate
07:45	CHEESE
Chicken and Gouda
08:10	NOTE
Monday
08:30	BREAKFAST
Eggs and Muffin Bread
Orange juice
09:05	SIDE(REQUIRED)
SIDE(EMPTY)(FOODS-SIDE-DISH-SOUP)
Pork Bulgogi and Kim-chi Pot Noodle
Soy sauce
09:40	NOTE
Tuesday
~~
10:00	LUNCH
Pork, Jeyuk-bap and Kim-chi stew
Hot Chocolate
10:35	SIDE(REQUIRED)
SIDE(EMPTY)(FOODS-SIDE-DISH-STAPLE)
Pork Bulgogi and Kim-chi fried rice
Fresh Cream Cake and Hot Chocolate
11:05	NOTE
Wednesday
11:20	DINNER SET
Fish, Tuna Mayonnaise sandwich
Sweet Potato Dessert
12:00	NOTE
Thursday
12:15	SIDE(REQUIRED)
SIDE(EMPTY)(FOODS-SIDE-DISH-STAPLE)
Beef Noodles, Custard Cream Bread
and Hot Chocolate
12:50	SNACK
Cheese and Crackers
13:10	NOTE
Friday
13:30	SIDE(REQUIRED)
SIDE(EMPTY)(FOODS-SIDE-DISH-STAPLE)
Pork Bulgogi and Kim-chi fried rice
Chocolate Fresh Cream Cake and
Hot Chocolate
14:05	NOTE
Saturday
~~
14:20	SOUP
Minestrone Soup and Bread
07:02	NOTE
Sunday
07:10	SIDE(REQUIRED)
SIDE(EMPTY)(FOODS-SIDE-DISH-STAPLE)
Pork Bulgogi and Kim-chi fried rice
Chocolate Fresh Cream Cake and Hot Chocolate
07:45	CHEESE
Chicken and Gouda
08:10	NOTE
Monday
08:30	BREAKFAST
Eggs and Muffin Bread
Orange juice
09:05	SIDE(REQUIRED)
SIDE(EMPTY)(FOODS-SIDE-DISH-SOUP)
Pork Bulgogi and Kim-chi Pot Noodle
Soy sauce
09:40	NOTE
Tuesday
~~
10:00	LUNCH
Pork, Jeyuk-bap and Kim-chi stew
Hot Chocolate
10:35	SIDE(REQUIRED)
SIDE(EMPTY)(FOODS-SIDE-DISH-STAPLE)
Pork Bulgogi and Kim-chi fried rice
Fresh Cream Cake and Hot Chocolate
11:05	NOTE
Wednesday
11:20	DINNER SET
Fish, Tuna Mayonnaise sandwich
Sweet Potato Dessert
12:00	NOTE
Thursday
12:15	SIDE(REQUIRED)
SIDE(EMPTY)(FOODS-SIDE-DISH-STAPLE)
Beef Noodles, Custard Cream Bread
and Hot Chocolate
12:50	SNACK
Cheese and Crackers
13:10	NOTE
Friday
13:30	SIDE(REQUIRED)
SIDE(EMPTY)(FOODS-SIDE-DISH-STAPLE)
Pork Bulgogi and Kim-chi fried rice
Chocolate Fresh Cream Cake and
Hot Chocolate
14:05	NOTE
Saturday
~~
14:20	SOUP
Minestrone Soup and Bread
07:02	NOTE
Sunday
07:10	SIDE(REQUIRED)
SIDE(EMPTY)(FOODS-SIDE-DISH-STAPLE)
Pork Bulgogi and Kim-chi fried rice
Chocolate Fresh Cream Cake and Hot Chocolate
07:45	CHEESE
Chicken and Gouda
08:10	NOTE
Monday
08:30	BREAKFAST
Eggs and Muffin Bread
Orange juice
09:05	SIDE(REQUIRED)
SIDE(EMPTY)(FOODS-SIDE-DISH-SOUP)
Pork Bulgogi and Kim-chi Pot Noodle
Soy sauce
09:40	NOTE
Tuesday
~~
10:00	LUNCH
Pork, Jeyuk-bap and Kim-chi stew
Hot Chocolate
10:35	SIDE(REQUIRED)
SIDE(EMPTY)(FOODS-SIDE-DISH-STAPLE)
Pork Bulgogi and Kim-chi fried rice
Fresh Cream Cake and Hot Chocolate
11:05	NOTE
Wednesday
11:20	DINNER SET
Fish, Tuna Mayonnaise sandwich
Sweet Potato Dessert
12:00	NOTE
Thursday
12:15	SIDE(REQUIRED)
SIDE(EMPTY)(FOODS-SIDE-DISH-STAPLE)
Beef Noodles, Custard Cream Bread
and Hot Chocolate
12:50	SNACK
Cheese and Crackers
13:10	NOTE
Friday
13:30	SIDE(REQUIRED)
SIDE(EMPTY)(FOODS-SIDE-DISH-STAPLE)
Pork Bulgogi and Kim-chi fried rice
Chocolate Fresh Cream Cake and
Hot Chocolate
14:05	NOTE
Saturday
~~
14:20	SOUP
Minestrone Soup and Bread
07:02	NOTE
Sunday
